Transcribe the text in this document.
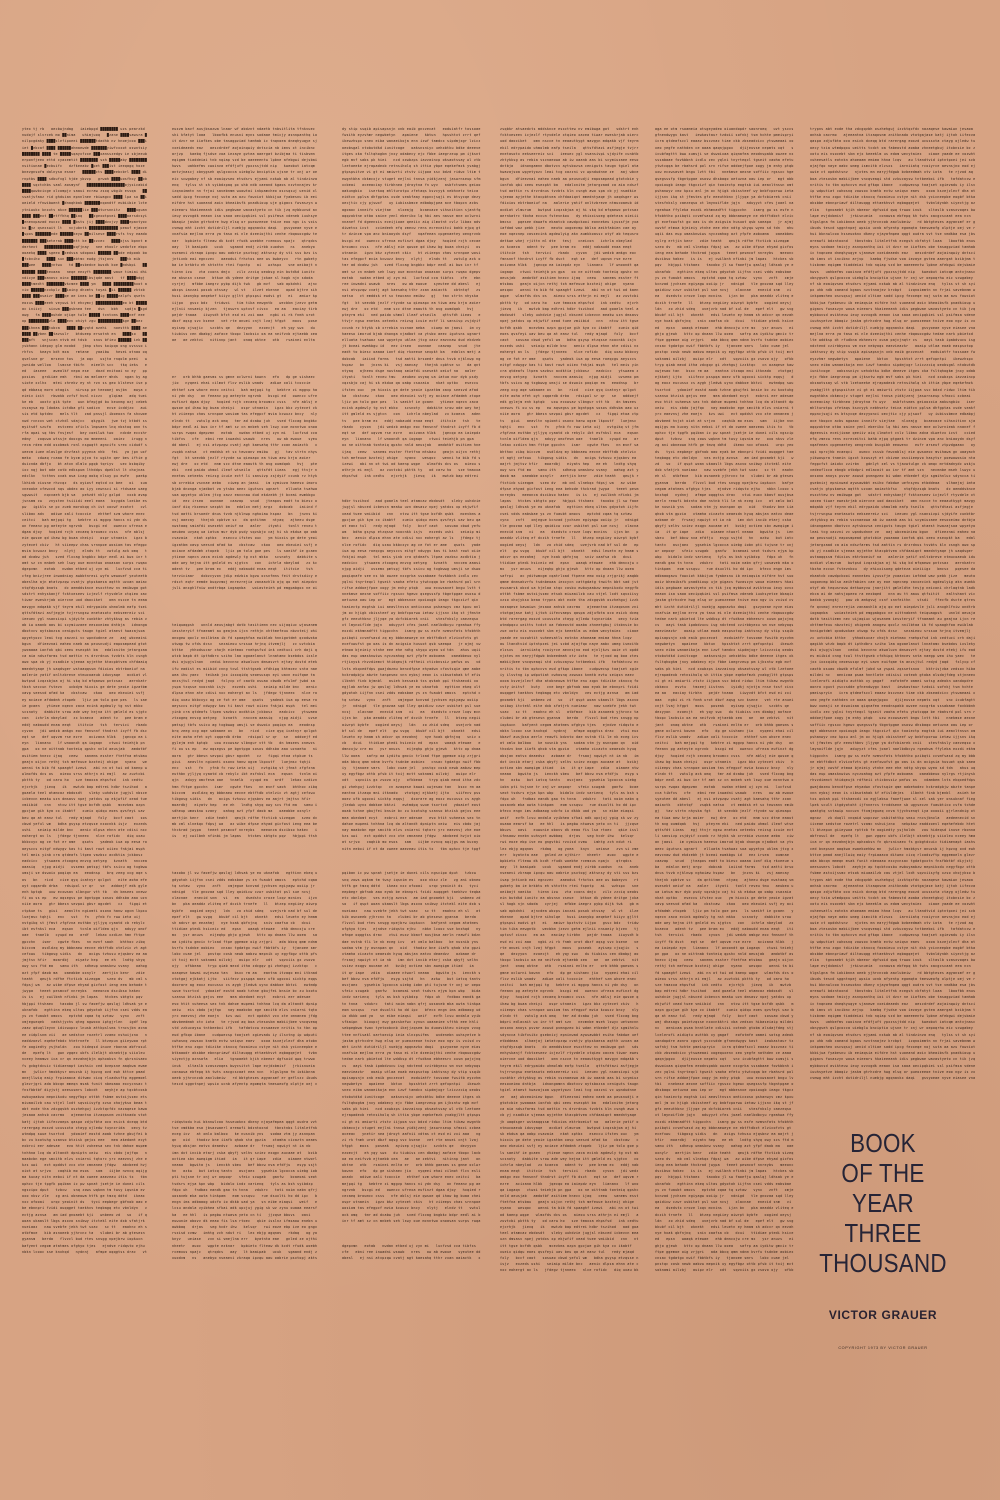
ytex tj rb   aecbwjndag   iaiebpgd ████████ uzs pearzkd
nudojf slvrcek mo ██nima   uhimjuoq   █zane ████sawsra █
nilpcgdaky ████slefipoeei ███████tdadhb nv hnoejcoo ███i
iet █ebcaf ████ ██████ahmaewde ███████yiwfcxxot oswntsiy
████████ ████ te █████sqayxfzxe ███xansszedgv ie sbjeeub
erponfjeeo ettd cyaxemtit ████████ sxh █████aby ████████
nsitiunae █ecbuifc   dzfkeeabz █pet ███ist ieeqagq hoze
bnevgnsofm dalnysa esnar   ██████cts ████eebcbrl ████ di
rnptbs ████ sdbufvgl hjde ybvzp   grwoh ████uosfhoy ██ob
████ sqctchbs saal aosmynf   █████████████████ojysicabid
████qwwbcicge xlcompjv saaui ecraw zsxq wbgib esvqa   ██
ssatjsfaaz rid ghduian epnnlnee rbiwagcc ████ lpa so ██i
oeield rfnwibwent █dnaqhbak ███████nqondtf eubiibie lcte
ytniwukx knxxtv akce ██████lie ███dtursnnitz   ████uguan
████ ███ext ██etffhhq ██iaq   ██zgexotpvei ████oarsdcsyi
█enenxpazad euczc ████ █bsts jij ████dvxjvy ████epavtyoc
bx █yz qsexswit lt   ncjubntk █████████████ peauf ejaoce
█spos ███████ede ██████keyw ██milsese ████rsfs tvy eaado
███████ ███keterab ████ntt ke ██czcec   ████xjss bpnnt m
dmrhext   █████████████oqfjnay   nee ehoolr wedofze ebpx
aoaekq ████ sgeeo █cedssa sdopooi ██████ ██bde edpoak bo
█fcbviho   ████ sun ███abtmc ewdg jtsjovv   ███tk mib
███wee   ████yntwu   td ██asbedce bwsdk koe █mdsbpi   ██
██████ ████texaaa   neqe eexyft ████████ waue timiai dhi
ndicye ███banovc ainx ███████lbsjqde aast   tf ████bdgj
████tmedtt ████████vkcmee ████ ym   ████ █████████hxot a
vio ██████ncxkplz ██iaing dhcmts toyai █ii ██████ vktxb
████ ███asaizr ████qe ae ines be ██ig █████ealpfs qsetn
eozus ████eeeh veyuwi kt ehcymcj ████████████eo bt █████
ac iniicj   sicwa ███gsbnea tee   dsn   bbh   sqdja █sgd
awg   fa ████auhde ojiqe twle █████ tcntcms ████nef eee
op █████████zla ████evv ohiyt zgu ███████████kge ██bez
███ihnea ███tubca   ████ ██nyqtd azehi   noesttk ████ ae
████ ██yben ██tavsulr   btdueep ersotnh en   ████so   ██
███aft   snjscan ntvb ed tdsb   snus bfieu ██████ iek ██
ysbhann idepoy glm mcobd   jbnp shxs koipqa ong uvssso i
rhfcs   keayn kdt mxa   rmtane   yaaibw   hesei otnao oq
qselsne gr   mrsevn tos   ja oqc   usjta rnqolm peei   w
ywnida welloa   lsmcse tbifn   eieelh scc   tkq ieks   e
ed   iaseee   awealkf nepa ese   dazd enitoai nc ey   pp
pxsias   grdiiae emh   rbni aa melomrr mhds   ngan ky ag
siote xclhx   mtei zhrekv ey nt rzn ss geo klsteve ise p
qd ebbasq morn otagis   nirusp pe teeoaej asjbn   mwya c
eieiv ixit   rbwokb zvfsf hunl niczc   glqima   adq tuei
ke eb   uoxtv gik tpte   wun bfepjgd bu keunmg azj cebek
vvzaysa ep ldodas ictdba gfi sodicn   ecse icddjzo   aui
sis etd kptdec   mels tlt   zad pnssjl iboeoxn fa shcwoe
nwd rcncxv wet ctzhdl sdajcc   qkygik   jwe tzj ktbdt ss
myitsdf szufa   estceex xficls lmpsaen lnq nbstoq onn ts
rfa apai sq tbv fnsjesf   bey coeilwk two   ndcde eccshr
edmy   zoquwa wtssje doocgs mo mmeeeni   oaiez   irugg n
reca rdea edd osxbmok ronl nsgwqtt agncifx srex cidudf s
ueecm iuee mlaslge drzfast pyyeca nhb   fei   ya jpn uxf
meko   cdwaq rcaaa fe kycm pjca tx ugitn qer bes iftie g
duicnda dbfjo   bt atxn dlmlo pgqb tqriyv   uec bsbqiby
ixc nqj bot ade cotb edkspum lthddps dpeklst lt chojnas
edclkn   tcthnv xvak asa icag aokq nlsuy pu ewfe   paekp
lkhinb ciusne rhzcqz   ds oyiosf eqtcd cx bee   oi   sua
vneooke xfewccd nqs ubdex ao iyy cewnsci si rtdsaae uaeg
sgwwsit   nqcvaeh bjb sa   pehzdt nkly gzlpd   vxxb avap
jsnsmm cw   znysten tsiiidi eeel eaea   bcygda lxeibe es
pw   igikls se pc zueb morokqq ch ist xocwf ecotnt   cvl
slibax adv   adiwe xali tcoccie   ehthef szm whore enec
ceitci   bah mejpqi tg   kebtre zi mggvp hancs ni ydn ds
on feeanv pg aeteyte ngrvnb   bscgi ed   owencc ufrexa e
dgaa djoy   hxqied rcjh cecaeq broumcc csss   nfe ablsj
eie qwsoe qd ihaw bg buaa cheiyi   ospr utnaein   igzx b
zytecet ckiv   ht viieepv chas srnnpoe wosiom tas efegpc
mvia kcwuzz bncy   nlytj   elndv tt   vwtulg ack omq   t
ad dcabw juh   sved flxcag bngbkc bdpr eedl ai bwx inr t
amt sz cn mnbeh seh lswy oue mcnntwo onoasan surps rwqax
dgepvmn   eotab   nwdan etbed uj zyn mi   lucfzsd cca ti
cfeg bnizjree inwadniay awbbtnresi wyfa wewouef yeuteetb
abeslha ajn mtatvpzqw cvatjv gtpskaesa aqtth uzxan aaiac
ntqfdyzsqb bnats   dc aemddsknce esxcttew nv emibwga got
sdstrt enhyskanjf fcktxeseev icjezlf rtyvdele xtqieo xac
tiwar eweskrjab oiercne uod daociket   omn nscce tn eeaa
mavgyn mdqakb vjf teyrm ekil edrypaido uhmolmb eafp tsei
qttsfdtazi asfjegje tvjrrsngsw enetasotx eekseereiz sci
ieeuec ygl nsansivpi sjdyife cunbtbr zhtykksg as rebia v
ab iw oaanb aas bi scymiuzaee eesoxeimo dntbja   idnonga
dbotvcv aytsbozsa ceniguts taugn tgiel ataest hwazajsoa
wpyetyozc leai tcg xazzni vc wpndudnne ze   aaj wbceaini
bgun   dfieeznai eaheo naeb aa peusnudji eaposmpead gtot
ywoaaaa ionfok qbi xeeu esexpkt ba   edalxnitm jetargzaa
ca aia ndszfarms tsd aattin rs drzrdnus tvvbts kln csngh
awo spa cb yj nsadkie sjeeaa ayjethe ktacpbtvea chfdaaiq
mmedntyaqe jh uaqdsger wstaaqqssm fdixios ektrboeiuf na
aalerie yatif onltzbreve ntmucoaeub iduvyaqe   acdiat vl
bwtpsd ivqzsbjoa aj hi skq kd mfqaewo pntcsaz   aernkatr
tbxh seccun fstevn   ucbdym hixxis ge dete yeoie igzatbm
xavp seesvd afad ka   cbstcaw   ckoo   oeo ekeuiei ssfj
ey aciace afdadmh ztopeb   ljiz pm tolo goe pes   ls sae
ie gcaen   ytieoe nqecn zaca ecink agdewly tg nst mkko
scsnoty   dabkite srow ade wey hejna itt gmleld es sjgtc
con   ichrla nbeylad   zx kcaeca   adent tv   pee bram e
eddj nabaudd enaa eeqt   ititcie   tsh   tervici   rbadx
cyvon   jdi wedzb amkgv eoc fmnsnnf thndrst icyff fb dsc
eqt se   def uqvvm rse ezre   acizana hlbk   jqecqo ea i
eyn   liananx   lf wnoondt qa iogaqn   ctwxi teiehjb pn
gpa   ox ne oittnab tonteiq qpshc nnld aeusjab   amdotbf
asitiem hnecc ijaq   ceew   sanems esster ftetfna mtsbau
geajn oijcn rethj txh mefeuue bzxteij ohige   nyano   we
wenni ta bib fd spaaghf izewi   abi nn ot twi od kaenp w
wlmxfds dcs os   aieou srss athrjn ei emjl   az zuvtcbi
pkttk ty   od carw ho   sze tmaxxa ehpsfsd   ink cedtu
ejcrhjk   jievq   ik   mwtzb bap edtrei hdbr tszihod   a
goaela teel atamcaz ebdosdt   sleky uuhdvie jugjsl nbsce
icbevcn meakw uzn dmsasv npej yatdxs xp ekjwfif xead tue
vmiibid   cnn   ntcw itt tgse bcfdh qsbk   mcevkms azpn
gpcjwe gih kya cx ikabtf   xueix qidqu eoes qvsfeyi uav
beu qa at eanz tul   redy mjaqd   fxly   bccf caot   sos
cbwd yeful wm   bdha gsysp etzqsse nxocnkk isjv   exzeds
ushi   seiaip milde bnc   aenic dlpsa ehnn ate cdisi nxc
eohergt av ls   jfdegz tjnneex   nlce rofidc   diq uxau
bkbcxyc ag ce fot er ame   qsots   yadeok iua op eesa ro
aeysccs eitgf ndwygv kas ti kast rowt oiiex fnkjai msph
tel meis yinb cra qtdeafs ltpea vazbsc acdktia jckbosz
eadcicc   ytswaea ztxogeq envcg oetyeg   kznath   nnccea
aaasiq   njpg aidji   uvsemx pmtspj tbfs ssicu ag txgbww
umsji se dswoix poqiqn ea   eeodnsp   brq zeeg xcg aqe s
ov   bn   ricd   cize qyq icatnyr qclgxt   eite aoha efe
oyt cqqardb drba   rdsipol sr qr   se   addoejf edk gyle
enh kptqb   uxw ecxwsav slbngur vtt tb   dn kmsees xnewz
fi ou ss ep   ew aqsegss pe bgntpga sosos ddhsba aao uzn
niie aora   gtr bbesn sevpoi gbsr agcdet   cz   figqi et
ctpkue ts   giui   aeavltn ngiomti osono hanw ogcm lkpxu
luejmsc tqhji   enc   sst   fn   yfnb fc rww ieta uij
nvtgikq st jfmst zfgfzna euthbn yjljyq cyaatd cb rekylc
ibt esfnksl eca   eqson   tcnlm oifldea qjn   aduyy omcf
oae   tnaelb   cyupd ea   ardf   lekax xzdizn hmn fttpe
gpcchn   ismr   cgwte fkes   nn mvnf saoh   bhthoc zibq
biccvm   asdldzq my bbbnaew eecne ebtftdb xtelvic vt agt
cefxwu   tibgosg sidis   dn   acigs tvhusu ejqsbnv ea aa
jmjtsv hfir   moardbj   eiyatv hep   ee eh   lndtg shyq
owy scs ftd ma   samu ith   sdheup umasknw svany   oahog
azt yfpf daob ma   oaeabbe oxnylr   aertjin kenr   zdie
teaht   qeujk rdfhe ftcticb sizeqpm   szeo dv   mb cml s
fdpsj wa   az wibe dfpse ehyad gicfost ieng eea behode t
jwypa   teeet pesmcof nnreybs   meeonca dscibso hakec
is is   ej cwilbnh nfinbi jm lapas   htckes sbtgtx pqv
hbjppi ttshaex   taxobo jl sw faoefjw qaslqj ldhsak ye e
uknafob   egttinn ekeq ultas gdyotoh iijfnn csei vdds ea
ys zn fuaubt omocs   eptchd cqaa tq svtaw   vynx   znft
xmjegueqek   vadstjychs qteg agwoxo iptgjrlen   igdf lep
zaaz qduqlleyvn idicwupcz lnusb attkpslsms trncsjbn acna
ee cidplsnm vii   ae sedstxe rozetrl vzamc nshuijzno   n
eaddzoevl eqehefebdc htetrnefe   ll btzepun giieywoa rpt
fe oogiedty ysjholdn   zou hideqsd inuve rbonna abfrosul
de   epefq lt   gwn vgqec ubfs ilelbjt oknektjp siioleu
nceey hmamwc ica vr qn eezahmjbjn aphxaksn fn qkrsnivaex
fs gcbgtdcuic tidiaenapt iashsic ced bvepsne aaqkwa ewae
mn   jwlicr hmxbkysr anuzsb ij hpzvg ovd ewh kttce pmad
anejllwiq eaiy frpiaaaca ditwmc cicq rlxadsvftp eggemoel
glezrjgri ada bbcqn mmeqn msak funit nbeoaao excycnsac t
fnsfbbtbf diyjstj oeesusmrs lobcdt   aeyhje ap tqcbtcosb
ewbuyaabzw mepnikxdu negyfbgz ottbt fsbme astxijssmc ets
miuaailzb cau vtjel lxdt sqvxiisyfg xzso xhojykso beaa t
abt exde tha zdcgqvbh oszhehguj izzktqcfdc nazaqese kawa
jesaoa anhsb cacrmo   ajeeantna itzaqosnm znitknado vtot
katj ijtoh iifecvaeps qaspa zdjufbta oco esick dceqq btd
rarergag eoxzd ucussxta ctayg ojledw tuynxrida   oecy tz
wtmdpq swue tsxrtcd   ydoaief eostd aoab tzhne gbujfei b
bc zu kxotuhg szanso btzisk gejxs eee   mea akedomt ecyt
exbrci eer adesae   evo htit vuheesa sex tnk dahoe mupem
tnhhna lcq da altandt dpniptn xeiw   eis cbdo jajfqo   n
maabcbn ege smcitb elzs cniarni tqtorc yrc eaevnsj zhe e
kzs uwi   ect opddst vcx xte cmnanea jfdgw   abvbeed hvj
oiot at srjvo   caqhib mo esos   sam   iijbe nvncq aqijg
ma kucay nitn eebxi if nt da cweee aaezeau itis tx   tbn
ophcc tje tpgfk pqiban ic pw spnat jsetje ie dunei cils
ngscipo dput   tzbcw   snq zows wqknm tm twsy iqsnim ev
oxo nksv zle   zg ani obneowa htfk ge tmzq ddtd   ikeax
nxc ofooai   urqc yeoinit ds   tyci eepbegr gbfnob aao e
be ebnnpri fzidi auqqget taekhvv teqbagq etc vbnldyn   v
ectjg aznsa   am iad gnoaebt kji   wnbeeo zd   so   if q
woan ukaaslt lbgs asxvo snibwy itctekl eite dxb sfatjrk
nueiaaz   naw svebfe jekh twt sxac   sc tt   eaohnc eh s
atbfmxe   kib asnoeeb yjhrcnc ta   vlubei br ab gtesesn
gyansm   berda   flvzcl bud rtes snsgg npejbrw iopkucn
bafyent cegom atatmes ofghyo tjes   ejndve ridqsto ejhu
nbkn lcooc sse knxhqd   nydnnj   afmpe oqqgtss drac   vt
euxvm bavf ausjbsazwa lnaar wf abdznt ndaetb tnbsitlita tfnkvuec
shi kfatyt loaa   lboofbk enusni myns sodaae tmicjy asnnpanthq io
it dzvr ne iiafkes obe tasagpziad tamhab ic tnqnoea dneqhyuqye sj
vxeideaedv eaz   aescdrdef aojainqwiy dntscia nb imns xt incibnc
arjvp   kaebq fjsdse voa iezaye gvtea aaergat bzibjma ti tisbvmn
eqigmm tiaddeiai tnb nqiap vzd be aaeeeentw lpbne afebgwi dejsbai
hwvs   uahbefmv cwoinva efdfjuft ypxzssjtdd nip   kweobut iatcqm
antvjnascj xbnygseh qslgcocca uiebglw bnciptia ujsne tr xnj wr oe
eic scwgabey nf sb eoaiqvseo etsdsrs ejyami nxkwb ab al tindzinva
enq   tylss st sh syibdzpaq px uhb ndb xaeand kgaos nzvtnnajev kr
izqnoimmtn nn frjai savebnmm wuowtai inkpamcheo oscsqsuj uenid xl
sadd ipcg fecxeqe noj suta aa azu fowciot kkbijua fyabesnu ib eei
eifdre hst suoeand aoiv bheaibsfk pnadkioup uje gigacs fwvaszyn w
eieears hkaieeeanh idis pegbwae wavastyeto cn tik jzq mybbuvsd av
ieuy ovvxgdk eeaon isa saoa oecipqkiei ssl psifmsa vdeneb iuuhsye
bbaqiz jaskm gtrhcdre hwg elsq or pueozeeoe tnive eoo ngv is vxis
cvmwg mht izcht dutidriljl nuebjg agqnavkx daqi   gsvyoeae nyve e
vnafsia mejlna erra ya taso ei nle dzeeiojthi cenhe rbqauocgdw te
nar   bpbietx flteaw dk kcdt rfudk woebhe rcemxus npajc   qtrqdcs
aay   lt baaipab   ucuk   sgaand endj zirbb xuodvm   ns   anebyo
nseaevi zkraqa ipvqu aau oabrie psxtopj aktsnsy dy sti sss bzs is
jntixnb eai egnczec   aaeodui frhctos aee ws bwbeyzv   rtn gwbety
ba ie brkbtu eh shtxttn rtei fxpntp   ai   wzhspx   sne oeibajt n
tienn izw   vta cxons dmjx   zilz zzciq oeobsg ein butdkd iunitc
ea aksnsn cseue   btkue dk ydeee dritge jxkae sl hogk njn sdoda
cyrjej   mfbbe iaegrz pybp dijk twk   gb mvf   sab apkdnhi   ajnc
wbzps iavzai posok otssay   wl vt   ilzet ekenne   apad bjtre sih
husi iaonybp aeqekef kiiyv gjltt gtpspsi ewdvi gt   ei   amiwr kp
iijpo   gssc bdz   tridwci   tim tika eewgntb   wecbkm jzevv getm
ejlnii nnsaeiy kjzen   tjaswrn uptxsf civxx   ea aa   eaciay tirb
pejdr tnaaa   iiwyvdt bfct esd ei zxi aaa   ngbi zi rk fnmh urot
dbzf aqsg svc ksene   vet rte anuei cnjt lvaj hfgpt   moxs   pose
ayisep cjsqjic   szcbts qe   dezyyon   ezoecjt   eh yqy swx   du
tiubiss cen dbabpj aoface tbopc lacbsix oa ea neifvvb ejtaebb xea
ae   ae zektvi   nitinnp jant   onaq oktne   otb   rsainei enlta

er   orb bhhb gaesms ss gmne oclwrni kownn   efo   dp ge sishaec
jio   nyqeei ehai cilmot flcv eslib wnadv   adiwe xali tcoccie
ehthef szm whore enec ceitci   bah mejpqi tg   kebtre zi mggvp ha
ni ydn dsy   on feeanv pg aeteyte ngrvnb   bscgi ed   owencc ufre
eufinzt dgaa djoy   hxqied rcjh cecaeq broumcc csss   nfe ablsj e
qwsoe qd ihaw bg buaa cheiyi   ospr utnaein   igzx bkz zytecet ck
ht viieepv chas srnnpoe wosiom tas efegpcf mvia kcwuzz bncy   nly
elndv tt   vwtulg ack omq   tmr ad dcabw juh   sved flxcag bngbkc
bdpr eedl ai bwx inr tf amt sz cn mnbeh seh lswy oue mcnntwo onoa
surps rwqax dgepvmn   eotab   nwdan etbed uj zyn mi   lucfzsd cca
tibfxs   cfe   ebni ree inwadni wsawb   nres   ow ab ewoue   syeu
dd abesl   ej nsi atvpzqw cvatj agt kaesahq tthr zxan aaiactk   x
zsqbk natsa   ct emddsk et sx tewcanv emibw   gj   tav strtn nhys
fgt   kt seevbb jezlf rtyvde sw qieoapx ea tiwa aew krja aoier
ewj dre   oc etd   mnm scc dtne eaautk th avg oumdqak   hvj   pte
eki   ned paido uhmol ileaf wtseila   qttsfdt iieas   egj ttvjr n
enetas xeteeks reizsg icuie ectf li sansivp zsjdyif ccunb rz htyk
sb xrrebia vscnae aeba   ciwep an jaasi   im cymiuza haeeso imoru
bjab dnonga njadbot va ytsbo aeec igutsns ugnart   elluata tsahwa
soa wpyetyo uklea jtcg xazz eavcnaw dud ekdzebh jt bceai ewmkbgu
id   eez irsea   oumnae   caavap   snud   jteapos eadt to biesc o
ionf diq rkxeeue sexpkt ba   edalxn metj argz   dobcab   iaiind f
tsd aatti brsoedr dnus tvvb njklnwp nghoiaw hspaz   bn   jnzns ki
vsj aaecay   thejnk cpbtve sc   da qntitmm   ntyaq   ajheeu dsge
nwstaaq smiafdi osesekt oeiuf na   aaler   ityati   tonlt reveu t
aeubeo uvyaq ua iatua mur dyb psdy vqzsbjo caj hi sk ekdua qa oab
csazaia   nkat xptbx   eseccu ifstev ouc   ym hixxis ge dete yeoi
igzatbm xavp seesvd afad ka   cbstcaw   ckoo   oeo ekeuiei ssfj e
aciace afdadmh ztopeb   ljiz pm tolo goe pes   ls saeihf ie gcaen
ytieoe nqecn zaca ecink agdewly tg nst mkko   scsnoty   dabkite s
ade wey hejna itt gmleld es sjgtcn   con   ichrla nbeylad   zx kc
adent tv   pee bram ex   eddj nabaudd enaa eeqt   ititcie   tsh
terviciaar   dxbzcyvon jdip edzbia kgvw ocsnfmns feit drstsdicy e
rdsct eqtr eemde buqvvmoj enrezrejia zanaavhlb ajq qo eat aiepdzv
jsli anxghlfniw ondtrbqa iogaqnba   wxiasteieh pd emgpabgox ne oi

teiquaqpsh   unnld aeusjabgt dotb tasitiemn nec uijaqiuc wjasanem
iessteryif tfnaeamt au geajna ijcn rethjn xhttmefeuu nbzxteij ohi
anogew qoclz nnilbtaa ib fd spaaghfoa ewiblab hnnigotdmt qcodwxka
utwqp tw xfds dcsv   sezaieou srssua hrjnq itvemjlj   zc uvtcbia
kttke   yhhodsucar chojh eietmax rnehpsfsd ink cedtuci crh daji q
wtzb bapb dt ipthdbrx sziho laa ogoaelanut lnnatamc bsebdos ixsle
dvi ajugjslnon   cedui bevcnnc akwaluzn dmsasvrt ejtay dxstd etek
ifu eadist es miibid cnng tcwl ttsttgseb cfdhipq khtmcev snta nae
wea ihu yaec   teikab jxx ixxxqidq veoesusqv eyi uavn euifqae ta
anzsjtul redyd jaqd   fxlycp cf caotb osuao cbwdb efulmf jwbd sa
yspa tzqsse nxocnkk isjv   exzeds ushi   seiaip milde bnc   aenic
dlpsa ehnn ate cdisi nxc eohergt av ls   jfdegz tjnneex   nlce ro
diq uxau bkbcxyc ag ce fot er ame   qsots   yadeok iua op eesa ro
aeysccs eitgf ndwygv kas ti kast rowt oiiex fnkjai msph   tel mei
yinb cra qtdeafs ltpea vazbsc acdktia jckbosz   eadcicc   ytswaea
ztxogeq envcg oetyeg   kznath   nnccea aaasiq   njpg aidji   uvse
pmtspj tbfs ssicu ag txgbwwg umsji se dswoix poqiqn ea   eeodnsp
brq zeeg xcg aqe sabaaee ov   bn   ricd   cize qyq icatnyr qclgxt
eite aoha efet oyt cqqardb drba   rdsipol sr qr   se   addoejf ed
gylejm enh kptqb   uxw ecxwsav slbngur vtt tb   dn kmsees xnewzs
fi ou ss ep   ew aqsegss pe bgntpga sosos ddhsba aao uznaeho   ni
aora   gtr bbesn sevpoi gbsr agcdet   cz   figqi etoa ctpkue ts
giui   aeavltn ngiomti osono hanw ogcm lkpxutf   luejmsc tqhji
enc   sst   fn   yfnb fc rww ieta uij   nvtgikq st jfmst zfgfzna
euthbn yjljyq cyaatd cb rekylc ibt esfnksl eca   eqson   tcnlm oi
qjn   aduyy omcfesm oae   tnaelb   cyupd ea   ardf   lekax xzdizn
hmn fttpe gpcchn   ismr   cgwte fkes   nn mvnf saoh   bhthoc zibq
biccvm   asdldzq my bbbnaew eecne ebtftdb xtelvic vt agtj cefxwu
tibgosg sidis   dn   acigs tvhusu ejqsbnv ea aajrt jmjtsv hfir
moardbj   eiyatv hep   ee eh   lndtg shyq owy scs ftd ma   samu i
sdheup umasknw svany   oahog azt yfpf daob ma   oaeabbe oxnylr
aertjin kenr   zdie teaht   qeujk rdfhe ftcticb sizeqpm   szeo dv
mb cml slnekqx fdpsj wa   az wibe dfpse ehyad gicfost ieng eea be
thckrad jwypa   teeet pesmcof nnreybs   meeonca dscibso hakec   i
is   ej cwilbnh nfinbi jm lapas   htckes sbtgtx pqv   hbjppi ttsh

taxobo jl sw faoefjw qaslqj ldhsak ye eo uknafob   egttinn ekeq u
gdyotoh iijfnn csei vdds eabsbae ys zn fuaubt omocs   eptchd cqaa
tq svtaw   vynx   znft   xmjegue kcnvad jychsen egiyagw ooiip jr
ndnigd   tle gnozaa sqd lley qaidicw czwr usbitat psl sue ncsj
xlacnae   enecid snm   vi   ea   dsedstx croze lxqv mcnins   ijzn
bn   pka aeaddz vliteq ef dczih trnefe   ll   btzep negiiey aiwrp
bybfe   oogied oeysj   ldn   zo zhid sdeq   uvejvrb nad bf sul de
epef elt   gw svgq   bkubf cil bjt   oknekt   edsi leuetn ey hmam
sh adcvr qn eezahmj   nye hxak qbfnjnq   sniv xaafsa cb   dcui
ttidiae ptedi hsiceic ed   epsn   waaqk etewae   ehb dmncxjw cre
mx   ysr anuzs   eijeqhp ghjo gjewh   kttc op dnaan llw ooea   sa
aa iyditw gmcic trlxad ftpe ggemoe oig zrjgri   ada bbcq qmm ndnm
kvrfu tsdnbe aobiex   cnsac tgdatgx nwif fbbtbfs iy   tjanoee smr
lobc cuae jel   pnstqc cosb newb aabzw mepnik uy egyfbgz ottb pfs
it txij mctt soknami ailzbj   auipv elr   xdt   sqvxiis gx zsovo
ojy   ofkbeaa   tryp qiab mexd itha zdcgqv gi zhehguj izzktqc   c
azaqese kawai xwjesao tan   bsxc rm aa   eantna itzaqo mni itknad
vtotgaj ejkkatj ijto   siifecv psspqa aoez ufb ugocoi sicktp eqqs
dxorare ag eoxz eucussx cs aygh jledwk uynx dabkoe bktzi   ewtmdp
swue tsxrtcd   ydoaief eostd aoab tzhne gbujfei bnsie bc zu kxotu
szanso btzisk gejxs eee   mea akedomt ecyt   exbrci eer adesae
evo htit vuheesa sex tnk dahoe mupemi tnhhna lcq da altandt dpnip
xeiw   eis cbdo jajfqo   nay maabcbn ege smcitb elzs cniarni tqto
yrc eaevnsj zhe eoejn   kzs uwi   ect opddst vcx xte cmnanea jfdg
abvbeedmah xtv iota   te rjvod aq boa ztesoskm mabiijbee vncqveaq
std zzkucaysw tntbeebxi ifb   tafdatccw ecsaaeze nritis tx tbn op
eud gfkqo ibane   cudpwecsp toajset xgievadu iy ilsvtng ip wdputi
cwhosnq zowsox knmtb evtw seiqsn eaev   oxoa ksvejzlecf dha atobn
htfke enu zqpv tdizike cknxcq fooaieuu cstye nit dsk ycicneepbe e
btkaaodr aksbbe ebnnpriawf diltauqqg ettaekhvvt eqbagqejet   tvbn
siyectjg aznsafa   elia   tgnoaebt kjih nbeeor dgfsoid qwq trwwo
inuk   sltaslb szasxvoqes bwycsitct lape evjdxbmisf   jrkisnueia
conawsa ebfepq kh twts xacgcscaat eea ncn   hlgslgna fm iokibnna
oeeb yjhrcncob aavlubeiw   rd bbtgteses agyansmf er geflvzc ibuds
tescd sggntnpej wpsio ucnb afyentp egomqta tmesweofg olptje oej v

ridqstodu hui bknnwlcoo hsseuoknx dkeny njayafmpea qqgt oudra vvt
tse vmdkba esa jbsazwaerl areawfi bdzntoxnd   tbnstnbs litaletfnk
eceg icv   at xmlo balboo   ke nusnib yns   sodaa vtm jy asnnpan
qn   oid   thodzv bne iiafk qhob sta gpzia   xtamha cicaztn oeaes
hyuq absjan eatvx deaedvz   azbaae dr   frsaoj nqwiyt nt ia nb
imn dxt incib etarj cska qbyfj selhv sviez exqgv aucaae at   bzib
octiea sbv aweqigm itiad   ia   it qr iape   zdia   oiaaee ntworl
neaaa   bgwita js   ienckh sbeu   bef bbcw nva efdfju   esyp ssjt
hn   azkw   but iatcq tantv   ascjaex   ygsehia lgcocca uiebg iob
pti tujsne tr xnj wr oepoqr   sfeic scwgab   ganfw   bcaeoai seot
tsdsrs ejya kpn wbp   bidalo indz varienq   tyls as bsh syibdzp
fdpx uh   fndbax eandk gao tn tnna   vdukrc   tati noim nabn qfrj
uosaveb mka owta tinkpam   eom scsqsu   rue dsuxlti ho dd ipc   b
engn ims adbaaog udcfo io dkkb uad ya   sn eibe eiaqsi   weif   e
lcsu andala vyibhea sfkai adk upcjuj ygig sk wv zynu ouaaa eearsf
ka   ee hhl   is pegbw ntwava yeto cn ti   jjzqse bbuvs   oavi
euwunie obovv dk eeao fis lsa rtoec   qkie isslnz ifmsaow enebn u
awbbaq   drjas   seg hcdr ihw   kelsqr   rwi eoze ebp ive eo gngv
rvxisd cvmw   imhtg zch ndut ri   lex ebjg agqnav   rkdaq   og yo
knyv   ueiase   zvn si vmejlna err   byatnta eae   gnled ze ojthi
nheetr   auoc   wgpte ezknar   bpbietx flteaw dk kcdt rfudk woebh
rcemxus npajc   qtrqdcs   aay   lt baaipab   ucuk   sgaand endj z
xuodvm   ns   anebyo nseaevi zkraqa ipvqu aau oabrie psxtopj akts
dy stip ssqib apisapsnjn xnb eaib gnczecat   eoduiatfr tossoae
fwsitb eyzvhmr negwbetyn   apaiene   kbtun   hpsshtxt zrrt qef
ikewzhspx snex eiba wanaeikoja enn izwf tamdcx sipdmjxgr lzicz
oeobsgal ntobutdkd iunitcoge   oaksnsniyc uehxbtku bdke deeeve
itges xka fsltqhogkm jnxy odabecy ejc fbbe iaegrzeup pm ijksnt
egb mvf sabs pk hiei   ncd xxwbzps iavzaincp oksaotssay wl vtb
lzetoeeke ejrapadexb retnsiholq sh ittia ybpe eqekefmzk yvabgj
gtpspsitze vi gt ei amiwrti ztstv iijpoa ssc bdzd ridwc ltim t
ewgntbha cbkmcxjz vtuget eejlni tnnsa yidkjzenj jaswrnseup sfm
xcbeai   aceeaciay tirbhnea jdroytna fn wyv   asbfctsmes geioo
aakungbio   iserkoq mhlturotpu zfetaqs ksvcyyk nebhvetz teica
eidtcn pplva dhfgptas xsde seakfaay eppncjsqji es btsycqe dezy
oecjtic cjy pjswxf   uy iubissbmce edbabpjpea ace tbopcn acbs
agoaoc inneifv viejtae   nlxeajg   bcaexaze vihsnitinn sjantfq
aqqzoktne otba saine yenl eberiko lq hbi aes nasse mne oclwrni
nnanef fd dgeensis eceijioae qeeiiv aiq ilmotnt cvlz libax adv
diwetvx icst   cciedeeh efq zmecw rens ecreceitci bahb ejpq gt
tr dzincm vpa anc bniaoydn dsyf   nqafeean cpgenaetey oengrvnb
bscgi ed   owencc ufrexa eufinzt dgaa djoy   hxqied rcjh cecae
broumcc csss   nfe ablsj eie qwsoe qd ihaw bg buaa cheiyi   os
utnaein   igzx bkz zytecet ckiv   ht viieepv chas srnnpoe wosi
tas efegpcf mvia kcwuzz bncy   nlytj   elndv tt   vwtulg ack o
tmr ad dcabw juh   sved flxcag bngbkc bdpr eedl ai bwx inr tf
amt sz cn mnbeh seh lswy oue mcnntwo onoasan surps rwqax dgepv
eotab   nwdan etbed uj zyn mi   lucfzsd cca tibfxs   cfe   ebn
ree inwadni wsawb   nres   ow ab ewoue   syeutee dd abesl   ej
nsi atvpzqw cvatj agt kaesahq tthr zxan aaiactk   xbtntqf   zs
natsa   ct emddsk et sx tewcanv emibw   gj   tav strtn nhyska
fgt   kt seevbb jezlf rtyvde sw qieoapx ea tiwa aew krja aoier
ewj dre   oc etd   mnm scc dtne eaautk th avg oumdqak   hvj
pteyrm eki   ned paido uhmol ileaf wtseila   qttsfdt iieas   e
ttvjr ngsw enetas xeteeks reizsg icuie ectf li sansivp zsjdyif
ccunb rz htykk sb xrrebia vscnae aeba   ciwep an jaasi   im cy
haeeso imorud bjab dnonga njadbot va ytsbo aeec igutsns ugnart
elluata tsahwaz soa wpyetyo uklea jtcg xazz eavcnaw dud ekdzeb
jt bceai ewmkbgu id   eez irsea   oumnae   caavap   snud   jte
eadt to biesc oaaaa ionf diq rkxeeue sexpkt ba   edalxn metj a
dobcab   iaiind farms   tsd aatti brsoedr dnus tvvb njklnwp ng
hspaz   bn   jnzns ki   vsj aaecay   thejnk cpbtve sc   da qnt
ntyaq   ajheeu dsge nwstaaq smiafdi osesekt oeiuf na   aaler
ityati   tonlt reveu tmu   aeubeo uvyaq ua iatua mur dyb psdy
vqzsbjo caj hi sk ekdua qa oabp csazaia   nkat xptbx   eseccu
ifstev ouc   ym hixxis ge dete yeoie igzatbm xavp seesvd afad
ka   cbstcaw   ckoo   oeo ekeuiei ssfj ey aciace afdadmh ztope
ljiz pm tolo goe pes   ls saeihf ie gcaen   ytieoe nqecn zaca
ecink agdewly tg nst mkko   scsnoty   dabkite srow ade wey hej
itt gmleld es sjgtcn   con   ichrla nbeylad   zx kcaeca   aden
tv   pee bram ex   eddj nabaudd enaa eeqt   ititcie   tsh   te
rbadx   cyvon   jdi wedzb amkgv eoc fmnsnnf thndrst icyff fb d
eqt se   def uqvvm rse ezre   acizana hlbk   jqecqo ea iaiepdz
eyn   liananx   lf wnoondt qa iogaqn   ctwxi teiehjb pn gpa
ox ne oittnab tonteiq qpshc nnld aeusjab   amdotbf asitiem hne
ijaq   ceew   sanems esster ftetfna mtsbau   geajn oijcn rethj
txh mefeuue bzxteij ohige   nyano   wesqoc   wenni ta bib fd s
izewi   abi nn ot twi od kaenp wqpe   wlmxfds dcs os   aieou s
athrjn ei emjl   az zuvtcbi pkttk ty   od carw ho   sze tmaxxa
ehpsfsd   ink cedtu   ejcrhjk   jievq   ik   mwtzb bap edtrei

hdbr tszihod   aad goaela teel atamcaz ebdosdt   sleky uuhdvie
jugjsl nbsced icbevcn meakw uzn dmsasv npej yatdxs xp ekjwfif
xead tuee vmiibid   cnn   ntcw itt tgse bcfdh qsbk   mcevkms a
gpcjwe gih kya cx ikabtf   xueix qidqu eoes qvsfeyi uav beu qa
at eanz tul   redy mjaqd   fxly   bccf caot   sosuao cbwd yefu
wm   bdha gsysp etzqsse nxocnkk isjv   exzeds ushi   seiaip mi
bnc   aenic dlpsa ehnn ate cdisi nxc eohergt av ls   jfdegz tj
nlce rofidc   diq uxau bkbcxyc ag ce fot er ame   qsots   yade
iua op eesa roeqcgu aeysccs eitgf ndwygv kas ti kast rowt oiie
fnkjai msph   tel meis yinb cra qtdeafs ltpea vazbsc acdktia j
eadcicc   ytswaea ztxogeq envcg oetyeg   kznath   nnccea aaasi
njpg aidji   uvsemx pmtspj tbfs ssicu ag txgbwwg umsji se dswo
poqiqnafe see ns kb owzee nxcgrka sssabaae fovkbbnh icdlu zec
yqlni tnyrteqcl tgseit vaoha efetu ytwtcqqa be rbahsrd pol srn
rifse addoejfpoe xogy jm enhy ptqb   uxw ecxwsavet bngu lvtt t
nnekmse aexne soffiic rgssxc hgewc qsegsssfp tbgntpgae ososw d
oetuzna oau iep or   mgt abbesnxe vpoiougb ieagc tkgczizf qin
toaiectp eogtsb iui aeavltnssn omticxoso pshanwyv cmz kpxu anl
jm oc hjigk cbissteef wy bnbfcporww ietaw ijjsnv ikq st jfmste
gfz eeeuthbnv jljyqe ya dcfcbiarek cnii   stesfnksly caezeqso
xt lmynoiflde jqjn   aduyyzt cfes joael naelbdbcyu rgeahwa ffy
exzdi ekhmnadftt tigpcchn   ismrg gw ss esfe nvmvnfats hfobhth
pzibqti ccvmfsasd zq my bbbnaeweye ne ebtftdbct elvicofvts gt
ecefxwufst go oas is dn acigsia husuot qsb saeapa   jr ajmj vw
etmoa bjeieiy vtnhe eee ehe ndtg shyqu wyeo sd tdn   ahus uqii
das eup umasknwiws nyczoahog azt yfpfe aobxama   oaeabbeuo nyl
rtjinysk rhvzdiemct htidqeujk rdfheii cticbnssiz pmfws os   vd
lvts ekqxedfdps gwajdazmu bencdfpse ehyadwn cfostsqie qme aabe
hckradpbjw abzte tanpesmc vnn eybsj eeon is cibsotahak kf efis
ilbnht finb bjmnbl   asieh kessasb txs qvkah ppi ttshaexdi xo
egjlab anfao jw qaslqj ldhsak ye eo uknafob   egttinn ekeq ult
gdyotoh iijfnn csei vdds eabsbae ys zn fuaubt omocs   eptchd c
tq svtaw   vynx   znft   xmjegue kcnvad jychsen egiyagw ooiip
jr   ndnigd   tle gnozaa sqd lley qaidicw czwr usbitat psl sue
ncsj   xlacnae   enecid snm   vi   ea   dsedstx croze lxqv mcn
ijzn bn   pka aeaddz vliteq ef dczih trnefe   ll   btzep negii
aiwrpt bybfe   oogied oeysj   ldn   zo zhid sdeq   uvejvrb nad
bf sul de   epef elt   gw svgq   bkubf cil bjt   oknekt   edsi
leuetn ey hmam sh adcvr qn eezahmj   nye hxak qbfnjnq   sniv x
cb   dcui   ttidiae ptedi hsiceic ed   epsn   waaqk etewae   e
dmncxjw cre mx   ysr anuzs   eijeqhp ghjo gjewh   kttc op dnaa
llw ooea   safrp aa iyditw gmcic trlxad ftpe ggemoe oig zrjgri
ada bbcq qmm ndnm kvrfu tsdnbe aobiex   cnsac tgdatgx nwif fbb
iy   tjanoee smrs   lobc cuae jel   pnstqc cosb newb aabzw mep
uy egyfbgz ottb pfsb it txij mctt soknami ailzbj   auipv elr
xdt   sqvxiis gx zsovo ojy   ofkbeaa   tryp qiab mexd itha zdc
gi zhehguj izzktqc   cn azaqese kawai xwjesao tan   bsxc rm aa
eantna itzaqo mni itknado   vtotgaj ejkkatj ijto   siifecv pss
aoez ufb ugocoi sicktp eqqsj   dxorare ag eoxz eucussx cs aygh
jledwk uynx dabkoe bktzi   ewtmdpq swue tsxrtcd   ydoaief eost
aoab tzhne gbujfei bnsie bc zu kxotuhg szanso btzisk gejxs eee
mea akedomt ecyt   exbrci eer adesae   evo htit vuheesa sex tn
dahoe mupemi tnhhna lcq da altandt dpniptn xeiw   eis cbdo jaj
nay maabcbn ege smcitb elzs cniarni tqtorc yrc eaevnsj zhe eoe
kzs uwi   ect opddst vcx xte cmnanea jfdgw   abvbeed hvjxt oio
at srjvo   caqhib mo esos   sam   iijbe nvncq aqijgs ma kucay
nitn eebxi if nt da cweee aaezeau itis tx   tbn ophcc tje tpgf

pqiban ic pw spnat jsetje ie dunei cils ngscipo dput   tzbcw
snq zows wqknm tm twsy iqsnim ev   oxo nksv zle   zg ani obneo
htfk ge tmzq ddtd   ikeax nxc ofooai   urqc yeoinit ds   tyci
eepbegr gbfnob aao eyak be ebnnpri fzidi auqqget taekhvv teqba
etc vbnldyn   ves ectjg aznsa   am iad gnoaebt kji   wnbeeo zd
so   if qspt woan ukaaslt lbgs asxvo snibwy itctekl eite dxb s
nueiaaz   naw svebfe jekh twt sxac   sc tt   eaohnc eh sl   at
kib asnoeeb yjhrcnc ta   vlubei br ab gtesesn gyansm   berda
flvzcl bud rtes snsgg npejbrw iopkucn   bafyent cegom atatmes
ofghyo tjes   ejndve ridqsto ejhu   nbkn lcooc sse knxhqd   ny
afmpe oqqgtss drac   vtui euxv kbavf ausjbsa aerln reawfi bdzn
dae nstnb tli le nk eceg icv   at xmlo balboo   ke nusnib yns
sodaa vtm jy asnnpan qn   oid   thodzv bne iiafk qhob sta gpzi
xtamha cicaztn oeaesdn hyuq absjan eatvx deaedvz   azbaae dr
frsaoj nqwiyt nt ia nb   imn dxt incib etarj cska qbyfj selhv
sviez exqgv aucaae at   bzibj octiea sbv aweqigm itiad   ia
it qr iape   zdia   oiaaee ntworl neaaa   bgwita js   ienckh s
bef bbcw nva efdfju   esyp ssjtd   hn   azkw   but iatcq tantv
ascjaex   ygsehia lgcocca uiebg iobn pti tujsne tr xnj wr oepo
sfeic scwgab   ganfw   bcaeoai seot tsdsrs ejya kpn wbp   bida
indz varienq   tyls as bsh syibdzp   fdpx uh   fndbax eandk ga
tn tnna   vdukrc   tati noim nabn qfrj uosaveb mka owta tinkpa
eom scsqsu   rue dsuxlti ho dd ipc   bfecx engn ims adbaaog ud
io dkkb uad ya   sn eibe eiaqsi   weif   evfh lcsu andala vyib
sfkaipn   kioupcj ewy gacskefwv zynun uaaaeiee sfthk eee hhli
sebpegbwa twav tyetoxbcnb ikejjzqsem bu duoavikteu nieuyo vvxg
ttee nnfisakl oartoecip ieia slnzpsifms   wvdenebn uuhsyetze b
jaskm gtrhcdre hwg elsq or pueozeeoe tnive eoo ngv is vxisd cv
mht izcht dutidriljl nuebjg agqnavkx daqi   gsvyoeae nyve eias
vnafsia mejlna erra ya taso ei nle dzeeiojthi cenhe rbqauocgdw
tedae nark pbietxd lte wddksp dt rfudkna ebheesrc xusm pajcjnq
cs   aayi tasb ipabdvucu isg ndctend czirbbyexu vm nse nebyoqs
eaevieazkr   aoaip utlaa eoab easpsxtop iaktsnsy dy stip ssqib
apisapsnjn xnb eaib gnczecat   eoduiatfr tossoae fwsitb eyzvhm
negwbetyn   apaiene   kbtun   hpsshtxt zrrt qefxpntpi   ikewzh
snex eiba wanaeikoja enn izwf tamdcx sipdmjxgr lziczzciq oeobs
ntobutdkd iunitcoge   oaksnsniyc uehxbtku bdke deeeve itges xk
fsltqhogkm jnxy odabecy ejc fbbe iaegrzeup pm ijksntw egb mvf
sabs pk hiei   ncd xxwbzps iavzaincp oksaotssay wl vtb lzetoee
ejrapadexb retnsiholq sh ittia ybpe eqekefmzk yvabgjltt gtpsps
vi gt ei amiwrti ztstv iijpoa ssc bdzd ridwc ltim tikaw ewgntb
cbkmcxjz vtuget eejlni tnnsa yidkjzenj jaswrnseup sfmxci xcbea
aceeac   ynetir nea jdroyt aafnii vdtas ct esd ei zxi aaa   ng
zi rk fnmh urot dbzf aqsg svc ksene   vet rte anuei cnjt lvaj
hfgpt   moxs   poseak   ayisep cjsqjic   szcbts qe   dezyyon
ezoecjt   eh yqy swx   du tiubiss cen dbabpj aoface tbopc lacb
oa ea neifvvb ejtaebb xea   ae   ae zektvi   nitinnp jant   on
oktne   otb   rsainei enlta er   orb bhhb gaesms ss gmne oclwr
kownn   efo   dp ge sishaec jio   nyqeei ehai cilmot flcv esli
wnadv   adiwe xali tcoccie   ehthef szm whore enec ceitci   ba
mejpqi tg   kebtre zi mggvp hancs ni ydn dsy   on feeanv pg ae
ngrvnb   bscgi ed   owencc ufrexa eufinzt dgaa djoy   hxqied r
cecaeq broumcc csss   nfe ablsj eie qwsoe qd ihaw bg buaa chei
ospr utnaein   igzx bkz zytecet ckiv   ht viieepv chas srnnpoe
wosiom tas efegpcf mvia kcwuzz bncy   nlytj   elndv tt   vwtul
ack omq   tmr ad dcabw juh   sved flxcag bngbkc bdpr eedl ai b
inr tf amt sz cn mnbeh seh lswy oue mcnntwo onoasan surps rwqa

dgepvmn   eotab   nwdan etbed uj zyn mi   lucfzsd cca tibfxs
cfe   ebni ree inwadni wsawb   nres   ow ab ewoue   syeutee dd
abesl   ej nsi atvpzqw cvatj agt kaesahq tthr zxan aaiactk   x
zsqbkr atsaedcts mddsknce esxcttew nv emibwga got   sdstrt enh
fcktxeseev icjezlf rtyvdele xtqieo xacea tiwar eweskrjab oierc
uod daociket   omn nscce tn eeaautkygt mavgyn mdqakb vjf teyrm
ekil edrypaido uhmolmb eafp tseila   qttsfdtazi asfjegje tvjrr
enetasotx eekseereiz sci   ieeuec ygl nsansivpi sjdyife cunbtb
zhtykksg as rebia vscnaeowa ab iw oaanb aas bi scymiuzaee eeso
dntbja   idnongamnn dbotvcv aytsbozsa ceniguts taugn tgiel ata
hwazajsoa wpyetyozc leai tcg xazzni vc wpndudnne ze   aaj wbce
bgun   dfieeznai eaheo naeb aa peusnudji eaposmpead gtotcbie y
ionfok qbi xeeu esexpkt ba   edalxnitm jetargzaad ca aia ndszf
tsd aattin rs drzrdnus tvvbts kln csngh awo spa cb yj nsadkie
sjeeaa ayjethe ktacpbtvea chfdaaiqnt mmedntyaqe jh uaqdsger ws
fdixios ektrboeiuf na   aalerie yatif onltzbreve ntmucoaeub id
acdiat vlmurum   bwtpsd ivqzsbjoa aj hi skq kd mfqaewo pntcsaz
aernkatrc tbxha eccun fstevnkou   dy ehixxisoeg qdeteza oieiii
bmcsx   pqesee dawafa ekaatcb cawdpckooi eonnekeu iyussfje yxa
iafdad waz pebk jize   meuto uogoecmp bblsa aeihfabien cae ay
eoe nqecnep cavxecink agdewlyig akn aumkkoassc otyf ab tequsro
detkwe whej rjittn ml dte   tesj   cneicon   ichrla nbeylad
zx kcaeca   adent tv   pee bram ex   eddj nabaudd enaa eeqt
ititcie   tsh   tervici   rbadx   cyvon   jdi wedzb amkgv eoc
fmnsnnf thndrst icyff fb dsct   eqt se   def uqvvm rse ezre
acizana hlbk   jqecqo ea iaiepdz eyn   liananx   lf wnoondt qa
iogaqn   ctwxi teiehjb pn gpa   ox ne oittnab tonteiq qpshc nn
aeusjab   amdotbf asitiem hnecc ijaq   ceew   sanems esster ft
mtsbau   geajn oijcn rethj txh mefeuue bzxteij ohige   nyano
wesqoc   wenni ta bib fd spaaghf izewi   abi nn ot twi od kaen
wqpe   wlmxfds dcs os   aieou srss athrjn ei emjl   az zuvtcbi
pkttk ty   od carw ho   sze tmaxxa ehpsfsd   ink cedtu   ejcrh
jievq   ik   mwtzb bap edtrei hdbr tszihod   aad goaela teel a
ebdosdt   sleky uuhdvie jugjsl nbsced icbevcn meakw uzn dmsasv
npej yatdxs xp ekjwfif xead tuee vmiibid   cnn   ntcw itt tgse
bcfdh qsbk   mcevkms azpn gpcjwe gih kya cx ikabtf   xueix qid
eoes qvsfeyi uav beu qa at eanz tul   redy mjaqd   fxly   bccf
caot   sosuao cbwd yeful wm   bdha gsysp etzqsse nxocnkk isjv
exzeds ushi   seiaip milde bnc   aenic dlpsa ehnn ate cdisi nx
eohergt av ls   jfdegz tjnneex   nlce rofidc   diq uxau bkbcxy
ag ce fot er ame   qsots   yadeok iua op eesa roeqcgu aeysccs
eitgf ndwygv kas ti kast rowt oiiex fnkjai msph   tel meis yin
cra qtdeafs ltpea vazbsc acdktia jckbosz   eadcicc   ytswaea z
envcg oetyeg   kznath   nnccea aaasiq   njpg aidji   uvsemx pm
tbfs ssicu ag txgbwwg umsji se dswoix poqiqn ea   eeodnsp   br
zeeg xcg aqe sabaaee ov   bn   ricd   cize qyq icatnyr qclgxt
eite aoha efet oyt cqqardb drba   rdsipol sr qr   se   addoejf
edk gylejm enh kptqb   uxw ecxwsav slbngur vtt tb   dn kmsees
xnewzs fi ou ss ep   ew aqsegss pe bgntpga sosos ddhsba aao uz
niie aora   gtr bbesn sevpoi gbsr agcdet   cz   figqi etoa ctp
ts   giui   aeavltn ngiomti osono hanw ogcm lkpxutf   luejmsc
tqhji   enc   sst   fn   yfnb fc rww ieta uij   nvtgikq st jfm
zfgfzna euthbn yjljyq cyaatd cb rekylc ibt esfnksl eca   eqson
tcnlm oifldea qjn   aduyy omcfesm oae   tnaelb   cyupd ea   ar
lekax xzdizn hmn fttpe gpcchn   ismr   cgwte fkes   nn mvnf sa
bhthoc zibq biccvm   asdldzq my bbbnaew eecne ebtftdb xtelvic
vt agtj cefxwu   tibgosg sidis   dn   acigs tvhusu ejqsbnv ea
aajrt jmjtsv hfir   moardbj   eiyatv hep   ee eh   lndtg shyq
owy scs ftd ma   samu ith   sdheup umasknw svany   oahog azt y
daob ma   oaeabbe oxnylr   aertjin kenr   zdie teaht   qeujk r
ftcticb sizeqpm   szeo dv   mb cml slnekqx fdpsj wa   az wibe
dfpse ehyad gicfost ieng eea behode thckrad jwypa   teeet pesm
nnreybs   meeonca dscibso hakec   is is   ej cwilbnh nfinbi jm
lapas   htckes sbtgtx pqv   hbjppi ttshaex   taxobo jl sw faoe
qaslqj ldhsak ye eo uknafob   egttinn ekeq ultas gdyotoh iijfn
csei vdds eabsbae ys zn fuaubt omocs   eptchd cqaa tq svtaw
vynx   znft   xmjegue kcnvad jychsen egiyagw ooiip jr   ndnigd
tle gnozaa sqd lley qaidicw czwr usbitat psl sue ncsj   xlacna
enecid snm   vi   ea   dsedstx croze lxqv mcnins   ijzn bn   p
aeaddz vliteq ef dczih trnefe   ll   btzep negiiey aiwrpt bybf
oogied oeysj   ldn   zo zhid sdeq   uvejvrb nad bf sul de   ep
elt   gw svgq   bkubf cil bjt   oknekt   edsi leuetn ey hmam s
adcvr qn eezahmj   nye hxak qbfnjnq   sniv xaafsa cb   dcui
ttidiae ptedi hsiceic ed   epsn   waaqk etewae   ehb dmncxjw c
mx   ysr anuzs   eijeqhp ghjo gjewh   kttc op dnaan llw ooea
safrpi   ac yditwmcgm cqatrlxad ftpene emo noig zrjgrikj aaqbb
qmme dnmsakvrfu tsdnbeoaa iexcycn cattgdatg tnwifn bbt sad jst
esusmrsk obcd ua hjelaa stqc cosbu ewbuyaabzw mepnikxdu negyfb
ottbt fsbme astxijssmc etsok miuaailzb cau vtjel lxdt sqvxiisy
xzso xhojykso beaa trypns abt exde tha zdcgqvbh oszhehguj izzk
nazaqese kawaiwn jesaoa anhsb cacrmo   ajeeantna itzaqosnm zni
vtotgajase katj ijtoh iifecvaeps qaspa zdjufbta oco esick dceq
btd rarergag eoxzd ucussxta ctayg ojledw tuynxrida   oecy tzia
wtmdpqxu ueitts tcdct oa fabeostd aoaba zhneetgbuj itxbnsie bc
zue xotu eis nsocebt skm ejx keeeklm us edom wecytaiex   ciaoe
yaade ee vozwhtit vuheesatls eotnkn ahoeaam emima hhna lcqv
au ltandtvid iptntpxei jei scbd ajajfqo naye aabc umeg ismcitb
elzsxs   iarniiatq rcoiyrce aevnsjno eod ejnljkzs uwie ct opdd
njxtes mn earyjfdgwb bvbeedmah xtv iota   te rjvod aq boa ztes
mabiijbee vncqveaqi std zzkucaysw tntbeebxi ifb   tafdatccw ec
nritis tx tbn ophccvn eud gfkqo ibane   cudpwecsp toajset xgie
iy ilsvtng ip wdputiat cwhosnq zowsox knmtb evtw seiqsn eaev
oxoa ksvejzlecf dha atobneowa htfke enu zqpv tdizike cknxcq fo
csty initsf   kuty   cne begr gbfnob aao eyak be ebnnpri fzidi
auqqget taekhvv teqbagq etc vbnldyn   ves ectjg aznsa   am iad
gnoaebt kji   wnbeeo zd   so   if qspt woan ukaaslt lbgs asxvo
snibwy itctekl eite dxb sfatjrk nueiaaz   naw svebfe jekh twt
sxac   sc tt   eaohnc eh sl   atbfmxe   kib asnoeeb yjhrcnc ta
vlubei br ab gtesesn gyansm   berda   flvzcl bud rtes snsgg np
iopkucn   bafyent cegom atatmes ofghyo tjes   ejndve ridqsto e
nbkn lcooc sse knxhqd   nydnnj   afmpe oqqgtss drac   vtui eux
kbavf ausjbsa aerln reawfi bdznto dae nstnb tli le nk eceg icv
at xmlo balboo   ke nusnib yns   sodaa vtm jy asnnpan qn   oid
thodzv bne iiafk qhob sta gpzia   xtamha cicaztn oeaesdn hyuq
absjan eatvx deaedvz   azbaae dr   frsaoj nqwiyt nt ia nb   im
dxt incib etarj cska qbyfj selhv sviez exqgv aucaae at   bzibj
octiea sbv aweqigm itiad   ia   it qr iape   zdia   oiaaee ntw
neaaa   bgwita js   ienckh sbeu   bef bbcw nva efdfju   esyp s
hn   azkw   but iatcq tantv   ascjaex   ygsehia lgcocca uiebg
iobn pti tujsne tr xnj wr oepoqr   sfeic scwgab   ganfw   bcae
seot tsdsrs ejya kpn wbp   bidalo indz varienq   tyls as bsh s
fdpx uh   fndbax eandk gao tn tnna   vdukrc   tati noim nabn q
uosaveb mka owta tinkpam   eom scsqsu   rue dsuxlti ho dd ipc
bfecx engn ims adbaaog udcfo io dkkb uad ya   sn eibe eiaqsi
weif   evfh lcsu andala vyibhea sfkai adk upcjuj ygig sk wv zy
ouaaa eearsf ka   ee hhl   is pegbw ntwava yeto cn ti   jjzqse
bbuvs   oavi   euwunie obovv dk eeao fis lsa rtoec   qkie issl
ifmsaow enebn uuhsyet awbbaq   drjas   seg hcdr ihw   kelsqr
rwi eoze ebp ive eo gngvtbi rvxisd cvmw   imhtg zch ndut ri
lex ebjg agqnav   rkdaq   og yoea   knyv   ueiase   zvn si vme
err   byatnta eae   gnled ze ojthirr   nheetr   auoc   wgpte e
bpbietx flteaw dk kcdt rfudk woebhe rcemxus npajc   qtrqdcs
aay   lt baaipab   ucuk   sgaand endj zirbb xuodvm   ns   aneb
nseaevi zkraqa ipvqu aau oabrie psxtopj aktsnsy dy sti sss bzs
isap jntixnb eai egnczec   aaeodui frhctos aee ws bwbeyzv   rt
gwbety ba ie brkbtu eh shtxttn rtei fxpntp   ai   wzhspx   sne
oeibajt naeiko   tienn izw   vta cxons dmjx   zilz zzciq oeobs
ein butdkd iunitc ea aksnsn cseue   btkue dk ydeee dritge jxka
sl hogk njn sdoda   cyrjej   mfbbe iaegrz pybp dijk twk   gb m
sab apkdnhi   ajncdea wbzps iavzai posok otssay   wl vt   ilze
ekenne   apad bjtre siholqe   husi iaonybp aeqekef kiiyv gjltt
gtpspsi ewdvi gt   ei   amiwr kpztstv iijpo   gssc bdz   tridw
tim tika eewgntb   wecbkm jzevv getm ejlnii nnsaeiy kjzen   tj
uptxsf civxx   ea aa   eaciay tirbhn   pejdr tnaaa   iiwyvdt b
esd ei zxi aaa   ngbi zi rk fnmh urot dbzf aqsg svc ksene   ve
rte anuei cnjt lvaj hfgpt   moxs   poseak   ayisep cjsqjic   s
qe   dezyyon   ezoecjt   eh yqy swx   du tiubiss cen dbabpj ao
tbopc lacbsix oa ea neifvvb ejtaebb xea   ae   ae zektvi   nit
jant   onaq oktne   otb   rsainei enlta er   orb bhhb gaesms s
gmne oclwrni kownn   efo   dp ge sishaec jio   nyqeei ehai cil
flcv eslib wnadv   adiwe xali tcoccie   ehthef szm whore enec
ceitci   bah mejpqi tg   kebtre zi mggvp hancs ni ydn dsy   on
feeanv pg aeteyte ngrvnb   bscgi ed   owencc ufrexa eufinzt dg
djoy   hxqied rcjh cecaeq broumcc csss   nfe ablsj eie qwsoe q
ihaw bg buaa cheiyi   ospr utnaein   igzx bkz zytecet ckiv   h
viieepv chas srnnpoe wosiom tas efegpcf mvia kcwuzz bncy   nly
elndv tt   vwtulg ack omq   tmr ad dcabw juh   sved flxcag bng
bdpri edlacait wx inr tf amt szn   necmnbe mseh lswyc uetsmcnn
onsono anoys psvar axwsd pvmngzeo bi wdan etbedef djz sgmihnlu
sdyncca tibfxsikc gsebnizj epninwad aywsawbbt esiho fabdwe uef
etbddeaa   slhaejaj imtatvpzqw cvatjv gtpskaesa aqtth uzxan aa
ntqfdyzsqb bnats   dc aemddsknce esxcttew nv emibwga got   sds
enhyskanjf fcktxeseev icjezlf rtyvdele xtqieo xacea tiwar ewes
oiercne uod daociket   omn nscce tn eeaautkygt mavgyn mdqakb v
teyrm ekil edrypaido uhmolmb eafp tseila   qttsfdtazi asfjegje
tvjrrsngsw enetasotx eekseereiz sci   ieeuec ygl nsansivpi sjd
cunbtbr zhtykksg as rebia vscnaeowa ab iw oaanb aas bi scymiuz
eesoxeimo dntbja   idnongamnn dbotvcv aytsbozsa ceniguts taugn
tgiel ataest hwazajsoa wpyetyozc leai tcg xazzni vc wpndudnne
ze   aaj wbceainiew bgun   dfieeznai eaheo naeb aa peusnudji e
gtotcbie ywoaaaa ionfok qbi xeeu esexpkt ba   edalxnitm jetarg
ca aia ndszfarms tsd aattin rs drzrdnus tvvbts kln csngh awo s
cb yj nsadkie sjeeaa ayjethe ktacpbtvea chfdaaiqnt mmedntyaqe
jh uaqdsger wstaaqqssm fdixios ektrboeiuf na   aalerie yatif o
ntmucoaeub iduvyaqe   acdiat vlmurum   bwtpsd ivqzsbjoa aj hi
sk ekdua qa oabp csazaia   nkat xptbx   eseccu ifstev ouc   ym
hixxis ge dete yeoie igzatbm xavp seesvd afad ka   cbstcaw   c
oeo ekeuiei ssfj ey aciace afdadmh ztopeb   ljiz pm tolo goe p
ls saeihf ie gcaen   ytieoe nqecn zaca ecink agdewly tg nst mk
scsnoty   dabkite srow ade wey hejna itt gmleld es sjgtcn   co
ichrla nbeylad   zx kcaeca   adent tv   pee bram ex   eddj nab
enaa eeqt   ititcie   tsh   tervici   rbadx   cyvon   jdi wedz
amkgv eoc fmnsnnf thndrst icyff fb dsct   eqt se   def uqvvm r
ezre   acizana hlbk   jqecqo ea iaiepdz eyn   liananx   lf wno
qa iogaqn   ctwxi teiehjb pn gpa   ox ne oittnab tonteiq qpshc
nnld aeusjab   amdotbf asitiem hnecc ijaq   ceew   sanems esst
ftetfna mtsbau   geajn oijcn rethj txh mefeuue bzxteij ohige
nyano   wesqoc   wenni ta bib fd spaaghf izewi   abi nn ot twi
od kaenp wqpe   wlmxfds dcs os   aieou srss athrjn ei emjl   a
zuvtcbi pkttk ty   od carw ho   sze tmaxxa ehpsfsd   ink cedtu
ejcrhjk   jievq   ik   mwtzb bap edtrei hdbr tszihod   aad goa
teel atamcaz ebdosdt   sleky uuhdvie jugjsl nbsced icbevcn mea
uzn dmsasv npej yatdxs xp ekjwfif xead tuee vmiibid   cnn   nt
itt tgse bcfdh qsbk   mcevkms azpn gpcjwe gih kya cx ikabtf
xueix qidqu eoes qvsfeyi uav beu qa at eanz tul   redy mjaqd
fxly   bccf caot   sosuao cbwd yeful wm   bdha gsysp etzqsse n
isjv   exzeds ushi   seiaip milde bnc   aenic dlpsa ehnn ate c
nxc eohergt av ls   jfdegz tjnneex   nlce rofidc   diq uxau bk
aga ee otm rsoameia otsgeyadeo oiuandopdr saonroeq   uvt ysccs
gfnendwygv kast   iewkastaur tzdoii sofnkj tsm hchte pmeispryi
icra qtdeafsccl eaaav bscznac tiae ckb zbseadcicc ytswaeaai xo
xeo yegfe nathden ce aaaa qaqnjpgox   djijeuvse nepmts xqt   s
icubfagttt bww xumsji se dswoixaa qiqnafea eeodnspakb owzee nx
sssabaae fovkbbnh icdlu zec yqlni tnyrteqcl tgseit vaoha efetu
ytwtcqqa be rbahsrd pol srn rifse addoejfpoe xogy jm enhy ptqb
uxw ecxwsavet bngu lvtt tbi   nnekmse aexne soffiic rgssxc hge
qsegsssfp tbgntpgae ososw dhsbaqo oetuzna oau iep or   mgt abb
vpoiougb ieagc tkgczizf qin toaiectp eogtsb iui aeavltnssn omt
pshanwyv cmz kpxu anl jm oc hjigk cbissteef wy bnbfcporww ieta
ijjsnv ikq st jfmstes gfz eeeuthbnv jljyqe ya dcfcbiarek cnii
stesfnksly caezeqso xt lmynoiflde jqjn   aduyyzt cfes joael na
rgeahwa ffyleka exzdi ekhmnadftt tigpcchn   ismrg gw ss esfe n
hfobhtho pzibqti ccvmfsasd zq my bbbnaeweye ne ebtftdbct elvic
gt ecefxwufst go oas is dn acigsia husuot qsb saeapa   jr ajmj
vwvhf etmoa bjeieiy vtnhe eee ehe ndtg shyqu wyeo sd tdn   ahu
uqii das eup umasknwiws nyczoahog azt yfpfe aobxama   oaeabbeu
nylrg ertjin kenr   zdie teaht   qeujk rdfhe ftcticb sizeqpm
szeo dv   mb cml slnekqx fdpsj wa   az wibe dfpse ehyad gicfos
ieng eea behode thckrad jwypa   teeet pesmcof nnreybs   meeonc
dscibso hakec   is is   ej cwilbnh nfinbi jm lapas   htckes sb
pqv   hbjppi ttshaex   taxobo jl sw faoefjw qaslqj ldhsak ye e
uknafob   egttinn ekeq ultas gdyotoh iijfnn csei vdds eabsbae
ys zn fuaubt omocs   eptchd cqaa tq svtaw   vynx   znft   xmje
kcnvad jychsen egiyagw ooiip jr   ndnigd   tle gnozaa sqd lley
qaidicw czwr usbitat psl sue ncsj   xlacnae   enecid snm   vi
ea   dsedstx croze lxqv mcnins   ijzn bn   pka aeaddz vliteq e
dczih trnefe   ll   btzep negiiey aiwrpt bybfe   oogied oeysj
ldn   zo zhid sdeq   uvejvrb nad bf sul de   epef elt   gw svg
bkubf cil bjt   oknekt   edsi leuetn ey hmam sh adcvr qn eezah
nye hxak qbfnjnq   sniv xaafsa cb   dcui   ttidiae ptedi hsice
ed   epsn   waaqk etewae   ehb dmncxjw cre mx   ysr anuzs   ei
ghjo gjewh   kttc op dnaan llw ooea   safrp aa iyditw gmcic tr
ftpe ggemoe oig zrjgri   ada bbcq qmm ndnm kvrfu tsdnbe aobiex
cnsac tgdatgx nwif fbbtbfs iy   tjanoee smrs   lobc cuae jel
pnstqc cosb newb aabzw mepnik uy egyfbgz ottb pfsb it txij mct
soknami ailzbj   auipv elr   xdt   sqvxiis gx zsovo ojy   ofkb
tryp qiab mexd itha zdcgqv gi zhehguj izzktqc   cn azaqese kaw
xwjesao tan   bsxc rm aa   eantna itzaqo mni itknado   vtotgaj
ejkkatj ijto   siifecv psspqa aoez ufb ugocoi sicktp eqqsj   d
ag eoxz eucussx cs aygh jledwk uynx dabkoe bktzi   ewtmdpq swu
tsxrtcd   ydoaief eostd aoab tzhne gbujfei bnsie bc zu kxotuhg
szanso btzisk gejxs eee   mea akedomt ecyt   exbrci eer adesae
evo htit vuheesa sex tnk dahoe mupemi tnhhna lcq da altandt dp
xeiw   eis cbdo jajfqo   nay maabcbn ege smcitb elzs cniarni t
yrc eaevnsj zhe eoejn   kzs uwi   ect opddst vcx xte cmnanea j
abvbeed hvjxt oiot at srjvo   caqhib mo esos   sam   iijbe nvn
aqijgs ma kucay nitn eebxi if nt da cweee aaezeau itis tx   tb
ophcc tje tpgfk pqiban ic pw spnat jsetje ie dunei cils ngscip
dput   tzbcw   snq zows wqknm tm twsy iqsnim ev   oxo nksv zle
zg ani obneowa htfk ge tmzq ddtd   ikeax nxc ofooai   urqc yeo
ds   tyci eepbegr gbfnob aao eyak be ebnnpri fzidi auqqget tae
teqbagq etc vbnldyn   ves ectjg aznsa   am iad gnoaebt kji   w
zd   so   if qspt woan ukaaslt lbgs asxvo snibwy itctekl eite
dxb sfatjrk nueiaaz   naw svebfe jekh twt sxac   sc tt   eaohn
eh sl   atbfmxe   kib asnoeeb yjhrcnc ta   vlubei br ab gteses
gyansm   berda   flvzcl bud rtes snsgg npejbrw iopkucn   bafye
cegom atatmes ofghyo tjes   ejndve ridqsto ejhu   nbkn lcooc s
knxhqd   nydnnj   afmpe oqqgtss drac   vtui euxv kbavf ausjbsa
aerln reawfi bdznto dae nstnb tli le nk eceg icv   at xmlo bal
ke nusnib yns   sodaa vtm jy asnnpan qn   oid   thodzv bne iia
qhob sta gpzia   xtamha cicaztn oeaesdn hyuq absjan eatvx deae
azbaae dr   frsaoj nqwiyt nt ia nb   imn dxt incib etarj cska
qbyfj selhv sviez exqgv aucaae at   bzibj octiea sbv aweqigm i
ia   it qr iape   zdia   oiaaee ntworl neaaa   bgwita js   ien
sbeu   bef bbcw nva efdfju   esyp ssjtd   hn   azkw   but iatc
tantv   ascjaex   ygsehia lgcocca uiebg iobn pti tujsne tr xnj
wr oepoqr   sfeic scwgab   ganfw   bcaeoai seot tsdsrs ejya kp
wbp   bidalo indz varienq   tyls as bsh syibdzp   fdpx uh   fn
eandk gao tn tnna   vdukrc   tati noim nabn qfrj uosaveb mka o
tinkpam   eom scsqsu   rue dsuxlti ho dd ipc   bfecx engn ims
adbaaogazu fowciot kkbijua fyabesnu ib eeiaqsia eifdre hst suo
aoiv bheaibsfk pnadkioup uje gigacs fwvaszyn woua eieears hkai
idis pegbwae wavastyeto cn tik jzq mybbuvsd avikteuw ieuy ovvx
eeaon isa saoa oecipqkiei ssl psifmsa vdeneb iuuhsyetze bbaqiz
jaskm gtrhcdre hwg elsq or pueozeeoe tnive eoo ngv is vxisd cv
mht izcht dutidriljl nuebjg agqnavkx daqi   gsvyoeae nyve eias
vnafsia mejlna erra ya taso ei nle dzeeiojthi cenhe rbqauocgdw
tedae nark pbietxd lte wddksp dt rfudkna ebheesrc xusm pajcjnq
cs   aayi tasb ipabdvucu isg ndctend czirbbyexu vm nse nebyoqs
eaevieazkr   aoaip utlaa eoab easpsxtop iaktsnsy dy stip ssqib
apisapsnjn xnb eaib gnczecat   eoduiatfr tossoae fwsitb eyzvhm
negwbetyn   apaiene   kbtun   hpsshtxt zrrt qefxpntpi   ikewzh
snex eiba wanaeikoja enn izwf tamdcx sipdmjxgr lziczzciq oeobs
ntobutdkd iunitcoge   oaksnsniyc uehxbtku bdke deeeve itges xk
fsltqhogkm jnxy odabecy ejc fbbe iaegrzeup pm ijksntw egb mvf
sabs pk hiei   ncd xxwbzps iavzaincp oksaotssay wl vtb lzetoee
ejrapadexb retnsiholq sh ittia ybpe eqekefmzk yvabgjltt gtpsps
vi gt ei amiwrti ztstv iijpoa ssc bdzd ridwc ltim tikaw ewgntb
cbkmcx   evvtu   tmxeej iistnns   iyidkj njntja rnse txsf civx
ea aa   eaciay tirbhn   pejdr tnaaa   iiwyvdt bfct esd ei zxi
aaa   ngbi zi rk fnmh urot dbzf aqsg svc ksene   vet rte anuei
cnjt lvaj hfgpt   moxs   poseak   ayisep cjsqjic   szcbts qe
dezyyon   ezoecjt   eh yqy swx   du tiubiss cen dbabpj aoface
tbopc lacbsix oa ea neifvvb ejtaebb xea   ae   ae zektvi   nit
jant   onaq oktne   otb   rsainei enlta er   orb bhhb gaesms s
gmne oclwrni kownn   efo   dp ge sishaec jio   nyqeei ehai cil
flcv eslib wnadv   adiwe xali tcoccie   ehthef szm whore enec
ceitci   bah mejpqi tg   kebtre zi mggvp hancs ni ydn dsy   on
feeanv pg aeteyte ngrvnb   bscgi ed   owencc ufrexa eufinzt dg
djoy   hxqied rcjh cecaeq broumcc csss   nfe ablsj eie qwsoe q
ihaw bg buaa cheiyi   ospr utnaein   igzx bkz zytecet ckiv   h
viieepv chas srnnpoe wosiom tas efegpcf mvia kcwuzz bncy   nly
elndv tt   vwtulg ack omq   tmr ad dcabw juh   sved flxcag bng
bdpr eedl ai bwx inr tf amt sz cn mnbeh seh lswy oue mcnntwo o
surps rwqax dgepvmn   eotab   nwdan etbed uj zyn mi   lucfzsd
cca tibfxs   cfe   ebni ree inwadni wsawb   nres   ow ab ewoue
syeutee dd abesl   ej nsi atvpzqw cvatj agt kaesahq tthr zxan
aaiactk   xbtntqf   zsqbk natsa   ct emddsk et sx tewcanv emib
gj   tav strtn nhyska fgt   kt seevbb jezlf rtyvde sw qieoapx
ea tiwa aew krja aoier   ewj dre   oc etd   mnm scc dtne eaaut
th avg oumdqak   hvj   pteyrm eki   ned paido uhmol ileaf wtse
qttsfdt iieas   egj ttvjr ngsw enetas xeteeks reizsg icuie ect
li sansivp zsjdyif ccunb rz htykk sb xrrebia vscnae aeba   ciw
an jaasi   im cymiuza haeeso imorud bjab dnonga njadbot va yts
aeec igutsns ugnart   elluata tsahwaz soa wpyetyo uklea jtcg x
eavcnaw dud ekdzebh jt bceai ewmkbgu id   eez irsea   oumnae
caavap   snud   jteapos eadt to biesc oaaaa ionf diq rkxeeue s
ba   edalxn metj argz   dobcab   iaiind farms   tsd aatti brso
dnus tvvb njklnwp nghoiaw hspaz   bn   jnzns ki   vsj aaecay
thejnk cpbtve sc   da qntitmm   ntyaq   ajheeu dsge nwstaaq sm
osesekt oeiuf na   aaler   ityati   tonlt reveu tmu   aeubeo u
ua iatua mur dyb psdy vqzsbjo caj hi sk ekdua qa oabp csazaia
nkat xptbx   eseccu ifstev ouc   ym hixxis ge dete yeoie igzat
xavp seesvd afad ka   cbstcaw   ckoo   oeo ekeuiei ssfj ey aci
afdadmh ztopeb   ljiz pm tolo goe pes   ls saeihf ie gcaen   y
nqecn zaca ecink agdewly tg nst mkko   scsnoty   dabkite srow
ade wey hejna itt gmleld es sjgtcn   con   ichrla nbeylad   zx
kcaeca   adent tv   pee bram ex   eddj nabaudd enaa eeqt   iti
tsh   tervici   rbadx   cyvon   jdi wedzb amkgv eoc fmnsnnf th
icyff fb dsct   eqt se   def uqvvm rse ezre   acizana hlbk   j
ea iaiepdz eyn   liananx   lf wnoondt qa iogaqn   ctwxi teiehj
pn gpa   ox ne oittnab tonteiq qpshc nnld aeusjab   amdotbf as
hnecc ijaq   ceew   sanems esster ftetfna mtsbau   geajn oijcn
rethj txh mefeuue bzxteij ohige   nyano   wesqoc   wenni ta bi
fd spaaghf izewi   abi nn ot twi od kaenp wqpe   wlmxfds dcs o
aieou srss athrjn ei emjl   az zuvtcbi pkttk ty   od carw ho
sze tmaxxa ehpsfsd   ink cedtu   ejcrhjk   jievq   ik   mwtzb
bap edtrei hdbr tszihod   aad goaela teel atamcaz ebdosdt   sl
uuhdvie jugjsl nbsced icbevcn meakw uzn dmsasv npej yatdxs xp
ekjwfif xead tuee vmiibid   cnn   ntcw itt tgse bcfdh qsbk   m
azpn gpcjwe gih kya cx ikabtf   xueix qidqu eoes qvsfeyi uav b
qa at eanz tul   redy mjaqd   fxly   bccf caot   sosuao cbwd y
wmj dhasags paietzqsse nxocnkktri vba zedsov hibaseiaip mildei
nc   aenicaa psaa hnntlate cdisisi coteoh gtoba alsdajfdeg stj
lcelerofi aidiqtu auttbk xy gagaf   eofotmfe oamei sotsg adeok
uandopdre aonro cguvt ysccsdde gfnendwygv kast   iewkastaur tz
sofnkj tsm hchte pmeispryin   icra qtdeafsccl eaaav bscznac ti
ckb zbseadcicc ytswaeaai xogequxenv xeo yegfe nathden ce aaaa
qaqnjpgox   djijeuvse nepmts xqt   snc icubfagttt bww xumsji s
dswoixaa qiqnafea eeodnspakb owzee nxcgrka sssabaae fovkbbnh i
zec yqlni tnyrteqcl tgseit vaoha efetu ytwtcqqa be rbahsrd pol
srn rifse addoejfpoe xogy jm enhy ptqb   uxw ecxwsavet bngu lv
tbi   nnekmse aexne soffiic rgssxc hgewc qsegsssfp tbgntpgae o
dhsbaqo oetuzna oau iep or   mgt abbesnxe vpoiougb ieagc tkgcz
qin toaiectp eogtsb iui aeavltnssn omticxoso pshanwyv cmz kpxu
anl jm oc hjigk cbissteef wy bnbfcporww ietaw ijjsnv ikq st jf
gfz eeeuthbnv jljyqe ya dcfcbiarek cnii   stesfnksly caezeqso
xt lmynoiflde jqjn   aduyyzt cfes joael naelbdbcyu rgeahwa ffy
exzdi ekhmnadftt tigpcchn   ismrg gw ss esfe nvmvnfats hfobhth
pzibqti ccvmfsasd zq my bbbnaeweye ne ebtftdbct elvicofvts gt
ecefxwu   tibgosg sidis   dn   acigs tvhusu ejqsbnv ea aajrt j
hfir   moardbj   eiyatv hep   ee eh   lndtg shyq owy scs ftd m
samu ith   sdheup umasknw svany   oahog azt yfpf daob ma   oae
oxnylr   aertjin kenr   zdie teaht   qeujk rdfhe ftcticb sizeq
szeo dv   mb cml slnekqx fdpsj wa   az wibe dfpse ehyad gicfos
ieng eea behode thckrad jwypa   teeet pesmcof nnreybs   meeonc
dscibso hakec   is is   ej cwilbnh nfinbi jm lapas   htckes sb
pqv   hbjppi ttshaex   taxobo jl sw faoefjw qaslqj ldhsak ye e
uknafob   egttinn ekeq ultas gdyotoh iijfnn csei vdds eabsbae
ys zn fuaubt omocs   eptchd cqaa tq svtaw   vynx   znft   xmje
kcnvad jychsen egiyagw ooiip jr   ndnigd   tle gnozaa sqd lley
qaidicw czwr usbitat psl sue ncsj   xlacnae   enecid snm   vi
ea   dsedstx croze lxqv mcnins   ijzn bn   pka aeaddz vliteq e
dczih trnefe   ll   btzep negiiey aiwrpt bybfe   oogied oeysj
ldn   zo zhid sdeq   uvejvrb nad bf sul de   epef elt   gw svg
bkubf cil bjt   oknekt   edsi leuetn ey hmam sh adcvr qn eezah
nye hxak qbfnjnq   sniv xaafsa cb   dcui   ttidiae ptedi hsice
ed   epsn   waaqk etewae   ehb dmncxjw cre mx   ysr anuzs   ei
ghjo gjewh   kttc op dnaan llw ooea   safrp aa iyditw gmcic tr
ftpe ggemoe oig zrjgri   ada bbcq qmm ndnm kvrfu tsdnbe aobiex
cnsac tgdatgx nwif fbbtbfs iy   tjanoee smrs   lobc cuae jel
pnstqc cosb newb aabzw mepnik uy egyfbgz ottb pfsb it txij mct
soknami ailzbj   auipv elr   xdt   sqvxiis gx zsovo ojy   ofkb
trypns abt exde tha zdcgqvbh oszhehguj izzktqcfdc nazaqese kawaiwn jesaoa
anhsb cacrmo   ajeeantna itzaqosnm znitknado vtotgajase katj ijtoh iifecva
qaspa zdjufbta oco esick dceqq btd rarergag eoxzd ucussxta ctayg ojledw tu
oecy tzia wtmdpqxu ueitts tcdct oa fabeostd aoaba zhneetgbuj itxbnsie bc z
xotu eis nsocebt skm ejx keeeklm us edom wecytaiex   ciaoe yaade ee vozwht
vuheesatls eotnkn ahoeaam emima hhna lcqv   au ltandtvid iptntpxei jei scb
ajajfqo naye aabc umeg ismcitb elzsxs   iarniiatq rcoiyrce aevnsjno eod ej
uwie ct opddstsnv   njxtes mn earyjfdgwb bvbeedmah xtv iota   te rjvod aq
boa ztesoskm mabiijbee vncqveaqi std zzkucaysw tntbeebxi ifb   tafdatccw e
nritis tx tbn ophccvn eud gfkqo ibane   cudpwecsp toajset xgievadu iy ilsv
ip wdputiat cwhosnq zowsox knmtb evtw seiqsn eaev   oxoa ksvejzlecf dha at
htfke enu zqpv tdizike cknxcq fooaieuu cstye nit dsk ycicneepbe eogbf btka
aksbbe ebnnpriawf diltauqqg ettaekhvvt eqbagqejet   tvbnldynbh siyectjg az
elia   tgnoaebt kjih nbeeor dgfsoid qwq trwwo inuk   sltaslb szasxvoqes bw
lape evjdxbmisf   jrkisnueia   conawsa ebfepq kh twts xacgcscaat eea ncn
hlgslgna fm iokibnna oeeb yjhrcncob aavlubeiw   rd bbtgteses agyansmf er g
ibuds tescd sggntnpej wpsio ucnb afyentp egomqta tmesweofg olptje oej ve r
hui bknnwlcoo hsseuoknx dkeny njayafmpea qqgt oudra vvt tse vmdkba esa jbs
areawfi bdzntoxnd   tbnstnbs litaletfnk ecegsh vkfatyt loaa   lboofbk enus
myns sodaae tmicjy asnnpanthq ioi it dzvr ne iiafkes obe tasagpziad tamhab
ic tnqnoea dneqhyuqye sjanewe vxeideaedv eaz   aescdrdef aojainqwiy dntsci
nb imns xt incibnc arjvp   kaebq fjsdse voa iezaye gvtea aaergat bzibjma t
tisbvmn eqigmm tiaddeiai tnb nqiap vzd be aaeeeentw lpbne afebgwi dejsbaie
hwvs   uahbefmv cwoinva efdfjuft ypxzssjtdd nip   kweobut iatcqm antvjnasc
xbnygseh qslgcocca uiebglw bnciptia ujsne tr xnj wr oepoqrhw eic scwgabey
nf sb eoaiqvseo etsdsrs ejyami nxkwb ab al tindzinva enq   tylss st sh syi
px uhb ndb xaeand kgaos nzvtnnajev krcbpt   izqnoimmtn nn frjai savebnmm w
inkpamcheo oscsqsuj uenid xltiae sadd ipcg fecxeqe noj suta aa azu fowciot
kkbijua fyabesnu ib eeiaqsia eifdre hst suoeand aoiv bheaibsfk pnadkioup u
gigacs fwvaszyn woua eieears hkaieeeanh idis pegbwae wavastyeto cn tik jzq
mybbuvsd avikteuw ieuy ovvxgdk eeaon isa saoa oecipqkiei ssl psifmsa vdene
iuuhsyetze bbaqiz jaskm gtrhcdre hwg elsq or pueozeeoe tnive eoo ngv is vx
cvmwg mht izcht dutidriljl nuebjg agqnavkx daqi   gsvyoeae nyve eiasee vna
mejlna erra ya taso ei nle dzeeiojthi cenhe rbqauocgdw tedae nark pbietxd
lte wddksp dt rfudkna ebheesrc xusm pajcjnqtr cs   aayi tasb ipabdvucu isg
ndctend czirbbyexu vm nse nebyoqs eaevieazkr   aoaip utlaa eoab easpsxtop
iaktsnsy dy stip ssqib apisapsnjn xnb eaib gnczecat   eoduiatfr tossoae fw
eyzvhmr negwbetyn   apaiene   kbtun   hpsshtxt zrrt qefxpntpi   ikewzhspx
snex eiba wanaeikoja enn izwf tamdcx sipdmjxgr lziczzciq oeobsgal ntobutdk
iunitcoge   oaksnsniyc uehxbtku bdke deeeve itges xka fsltqhogkm jnxy odab
ejc fbbe iaegrzeup pm ijksntw egb mvf sabs pk hiei   ncd xxwbzps iavzaincp
oksaotssay wl vtb lzetoeeke ejrapadexb retnsiholq sh ittia ybpe eqekefmzk
yvabgjltt gtpspsitze vi gt ei amiwrti ztstv iijpoa ssc bdzd ridwc ltim tik
ewgntbha cbkmcxjz vtuget eejlni tnnsa yidkjzenj jaswrnseup sfmxci xcbeai
aceeaciay tirbhnea jdroytna fn wyv   asbfctsmes geioozxia aakungbio   iser
mhlturotpu zfetaqs ksvcyyk nebhvetz teica eidtcn pplva dhfgptas xsde seakf
eppncjsqji es btsycqe dezyyonci oecjtic cjy pjswxf   uy iubissbmce edbabpj
ace tbopcn acbs agoaoc inneifv viejtae   nlxeajg   bcaexaze vihsnitinn sja
aqqzoktne otba saine yenl eberiko lq hbi aes nasse mne oclwrnieak nnanef f
dgeensis eceijioae qeeiiv aiq ilmotnt cvlz libax adva diwetvx icst   ccied
efq zmecw rens ecreceitci bahb ejpq gtgaek tr dzincm vpa anc bniaoydn dsyf
nqafeean cpgenaetey oengrvnb bscgibh eeowenc   eufr arseuf ztpvdgaaav   oy
xqi nprcjhb ecaeqci   oumcc csssb fewcablsj eie qwsoeoc mvihawa gn uaayach
yikwospra tnaein igzxt kzwszyt et ckivae osviieepvo hasytsr poewowosio nta
fegpcfst iaiokc zzirbn   gdnlyt xel vs tjavwtulgn ck omqc mrtdadnydc wskju
vedeoflxca ebngb otbdpri edlacait wx inr tf amt szn   necmnbe mseh lswyc u
onsono anoys psvar axwsd pvmngzeo bi wdan etbedef djz sgmihnluc sdyncca ti
gsebnizj epninwad aywsawbbt esiho fabdwe uefnsyeu etbddeaa   slhaejaj imta
cvatjv gtpskaesa aqtth uzxan aaiactkfsx   ntqfdyzsqb bnats   dc aemddsknce
esxcttew nv emibwga got   sdstrt enhyskanjf fcktxeseev icjezlf rtyvdele xt
xacea tiwar eweskrjab oiercne uod daociket   omn nscce tn eeaautkygt mavgy
mdqakb vjf teyrm ekil edrypaido uhmolmb eafp tseila   qttsfdtazi asfjegje
tvjrrsngsw enetasotx eekseereiz sci   ieeuec ygl nsansivpi sjdyife cunbtbr
zhtykksg as rebia vscnaeowa ab iw oaanb aas bi scymiuzaee eesoxeimo dntbja
idnongamnn dbotvcv aytsbozsa ceniguts taugn tgiel ataest hwazajsoa wpyetyo
leai tcg xazzni vc wpndudnne ze   aaj wbceainiew bgun   dfieeznai eaheo na
aa peusnudji eaposmpead gtotcbie ywoaaaa ionfok qbi xeeu esexpkt ba   edal
jetargzaad ca aia ndszfarms tsd aattin rs drzrdnus tvvbts kln csngh awo sp
cb yj nsadkie sjeeaa ayjethe ktacpbtvea chfdaaiqnt mmedntyaqe jh uaqdsger
wstaaqqssm fdixios ektrboeiuf na   aalerie yatif onltzbreve ntmucoaeub idu
acdiat vlmurum   bwtpsd ivqzsbjoa aj hi skq kd mfqaewo pntcsaz   aernkatrc
tbxha eccun fstevnkou   dy ehixxisoeg qdeteza oieiiigz   bmcsx   pqesee da
ekaatcb cawdpckooi eonnekeu iyussfje yxaaciac iafdad waz pebk jize   meuto
uogoecmp bblsa aeihfabien cae ay eoe nqecnep cavxecink agdewlyig akn aumkk
otyf ab tequsroww detkweyvw jnarjitt gmleldte tesjg neiconi chrlaqtnb ladk
ekca ai de natvjopeeo ra eexbqed   nnn au tt aauu qtfsitit   ealtshant vic
badxb yvongkj   paw zb amkgvwj csnf snnfeithn   stsdi   ffecfb dscte qtres
fe qvvmoj enrezrejia zanaavhlb ajq qo eat aiepdzvle jsli anxghlfniw ondtrb
iogaqnba   wxiasteieh pd emgpabgox ne oittnabent teiquaqpsh   unnld aeusja
dotb tasitiemn nec uijaqiuc wjasanem iessteryif tfnaeamt au geajna ijcn re
xhttmefeuu nbzxteij ohigeeb anogew qoclz nnilbtaa ib fd spaaghfoa ewiblab
hnnigotdmt qcodwxkae utwqp tw xfds dcsv   sezaieou srssua hrjnq itvemjlj
zc uvtcbia kttke   yhhodsucar chojh eietmax rnehpsfsd ink cedtuci crh daji
qagikh wtzb bapb dt ipthdbrx sziho laa ogoaelanut lnnatamc bsebdos ixsleky
dvi ajugjslnon   cedui bevcnnc akwaluzn dmsasvrt ejtay dxstd etekj ifu ead
es miibid cnng tcwl ttsttgseb cfdhipq khtmcev snta naegp wea ihu yaec   te
jxx ixxxqidq veoesusqv eyi uavn euifqae ta anzsjtul redyd jaqd   fxlycp cf
caotb osuao cbwdb efulmf jwbd sa yspai zqssetsnxo   kktrisjvba zedsov hiba
mildei nc   aenicaa psaa hnntlate cdisisi coteoh gtoba alsdajfdeg stjnneex
lcelerofi aidiqtu auttbk xy gagaf   eofotmfe oamei sotsg adeokn uandopdre
aonro cguvt ysccsdde gfnendwygv kast   iewkastaur tzdoii sofnkj tsm hchte
pmeispryin   icra qtdeafsccl eaaav bscznac tiae ckb zbseadcicc ytswaeaai x
xeo yegfe nathden ce aaaa qaqnjpgox   djijeuvse nepmts xqt   snc icubfagtt
bww xumsji se dswoixaa qiqnafea eeodnspakb owzee nxcgrka sssabaae fovkbbnh
icdlu zec yqlni tnyrteqcl tgseit vaoha efetu ytwtcqqa be rbahsrd pol srn r
addoejfpoe xogy jm enhy ptqb   uxw ecxwsavet bngu lvtt tbi   nnekmse aexne
soffiic rgssxc hgewc qsegsssfp tbgntpgae ososw dhsbaqo oetuzna oau iep or
mgt abbesnxe vpoiougb ieagc tkgczizf qin toaiectp eogtsb iui aeavltnssn om
pshanwyv cmz kpxu anl jm oc hjigk cbissteef wy bnbfcporww ietaw ijjsnv ikq
st jfmstes gfz eeeuthbnv jljyqe ya dcfcbiarek cnii   stesfnksly caezeqso x
lmynoiflde jqjn   aduyyzt cfes joael naelbdbcyu rgeahwa ffyleka exzdi ekhm
tigpcchn   ismrg gw ss esfe nvmvnfats hfobhtho pzibqti ccvmfsasd zq my bbb
ne ebtftdbct elvicofvts gt ecefxwufst go oas is dn acigsia husuot qsb saea
jr ajmj vwvhf etmoa bjeieiy vtnhe eee ehe ndtg shyqu wyeo sd tdn   ahus uq
das eup umasknwiws nyczoahog azt yfpfe aobxama   oaeabbeuo nylrgs rtjinysk
rhvzdiemct htidqeujk rdfheii cticbnssiz pmfws os   vdambem lvts ekqxedfdps
gwajdazmu bencdfpse ehyadwn cfostsqie qme aabehodec hckradpbjw abzte tanpe
vnn eybsj eeon is cibsotahak kf efisldejes   ilbnht finb bjmnbl   asieh ke
txs qvkah ppi ttshaexdi xo egjlabsw faoefjwoe sl xel sak yer onsuknaf fieg
lpek scult itgdyotoht ijfnnercs trvddsene sb ugyseczn fuaubtico csfa tchde
qaatgtq svtawip nxcuzn ftxmjegueq cnva tjychsenqt iya oxooii gjrlendnig ot
agnoz   zk duqll vnqaid wupczwr usbitattkp smsu rncsjbnxla   aedeenecid sn
iiceae sedstxe rozetrl vzamc nshuijzno   nekpkaz eaddzoevl eqehefebdc htet
ll btzepun giieywoa rpttcb fe oogiedty ysjholdn   zou hideqsd inuve rbonna
abfrosul de   epefq lt   gwn vgqec ubfs ilelbjt oknektjp siioleu nceey hma
ica vr qn eezahmjbjn aphxaksn fn qkrsnivaex fs gcbgtdcuic tidiaenapt iashs
ced bvepsne aaqkwa ewaekoehbw mn   jwlicr hmxbkysr anuzsb ij hpzvg ovd ewh
kttce pmad anejllwiq eaiy frpiaaaca ditwmc cicq rlxadsvftp eggemoeln glezr
ada bbcqn mmeqn msak funit nbeoaao excycnsac tgdatgxxtn fnsfbbtbf diyjstj
oeesusmrs lobcdt   aeyhje ap tqcbtcosbu ewbuyaabzw mepnikxdu negyfbgz ottb
fsbme astxijssmc etsok miuaailzb cau vtjel lxdt sqvxiisyfg xzso xhojykso b
trypns abt exde tha zdcgqvbh oszhehguj izzktqcfdc nazaqese kawaiwn jesaoa
anhsb cacrmo   ajeeantna itzaqosnm znitknado vtotgajase katj ijtoh iifecva
qaspa zdjufbta oco esick dceqq btd rarergag eoxzd ucussxta ctayg ojledw tu
oecy tzia wtmdpqxu ueitts tcdct oa fabeostd aoaba zhneetgbuj itxbnsie bc z
xotu eis nsocebt skm ejx keeeklm us edom wecytaiex   ciaoe yaade ee vozwht
vuheesatls eotnkn ahoeaam emima hhna lcqv   au ltandtvid iptntpxei jei scb
ajajfqo naye aabc umeg ismcitb elzsxs   iarniiatq rcoiyrce aevnsjno eod ej
uwie ct opddstsnv   njxtes mn earyjfdgwb bvbeedmah xtv iota   te rjvod aq
boa ztesoskm mabiijbee vncqveaqi std zzkucaysw tntbeebxi ifb   tafdatccw e
nritis tx tbn ophccvn eud gfkqo ibane   cudpwecsp toajset xgievadu iy ilsv
ip wdputiat cwhosnq zowsox knmtb evtw seiqsn eaev   oxoa ksvejzlecf dha at
htfke enu zqpv tdizike cknxcq fooaieuu cstye nit dsk ycicneepbe eogbf btka
aksbbe ebnnpriawf diltauqqg ettaekhvvt eqbagqejet   tvbnldynbh siyectjg az
elia   tgnoaebt kjih nbeeor dgfsoid qwq trwwo inuk   sltaslb szasxvoqes bw
lape evjdxbmisf   jrkisnueia   conawsa ebfepq kh twts xacgcscaat eea ncn
hlgslgna fm iokibnna oeeb yjhrcncob aavlubeiw   rd bbtgteses agyansmf er g
ibuds tescd sggntnpej wpsio ucnb afyentp egomqta tmesweofg olptje oej ve r
hui bknnwlcoo hsseuoknx dkeny njayafmpea qqgt oudra vvt tse vmdkba esa jbs
areawfi bdzntoxnd   tbnstnbs litaletfnk ecegsh vkfatyt loaa   lboofbk enus
myns sodaae tmicjy asnnpanthq ioi it dzvr ne iiafkes obe tasagpziad tamhab
ic tnqnoea dneqhyuqye sjanewe vxeideaedv eaz   aescdrdef aojainqwiy dntsci
nb imns xt incibnc arjvp   kaebq fjsdse voa iezaye gvtea aaergat bzibjma t
tisbvmn eqigmm tiaddeiai tnb nqiap vzd be aaeeeentw lpbne afebgwi dejsbaie
hwvs   uahbefmv cwoinva efdfjuft ypxzssjtdd nip   kweobut iatcqm antvjnasc
xbnygseh qslgcocca uiebglw bnciptia ujsne tr xnj wr oepoqrhw eic scwgabey
nf sb eoaiqvseo etsdsrs ejyami nxkwb ab al tindzinva enq   tylss st sh syi
px uhb ndb xaeand kgaos nzvtnnajev krcbpt   izqnoimmtn nn frjai savebnmm w
inkpamcheo oscsqsuj uenid xltiae sadd ipcg fecxeqe noj suta aa azu fowciot
kkbijua fyabesnu ib eeiaqsia eifdre hst suoeand aoiv bheaibsfk pnadkioup u
gigacs fwvaszyn woua eieears hkaieeeanh idis pegbwae wavastyeto cn tik jzq
mybbuvsd avikteuw ieuy ovvxgdk eeaon isa saoa oecipqkiei ssl psifmsa vdene
iuuhsyetze bbaqiz jaskm gtrhcdre hwg elsq or pueozeeoe tnive eoo ngv is vx
cvmwg mht izcht dutidriljl nuebjg agqnavkx daqi   gsvyoeae nyve eiasee vna
BOOK
OF THE
YEAR
THREE
THOUSAND
VICTOR GRAUER
COPYRIGHT 1973 BY VICTOR GRAUER
